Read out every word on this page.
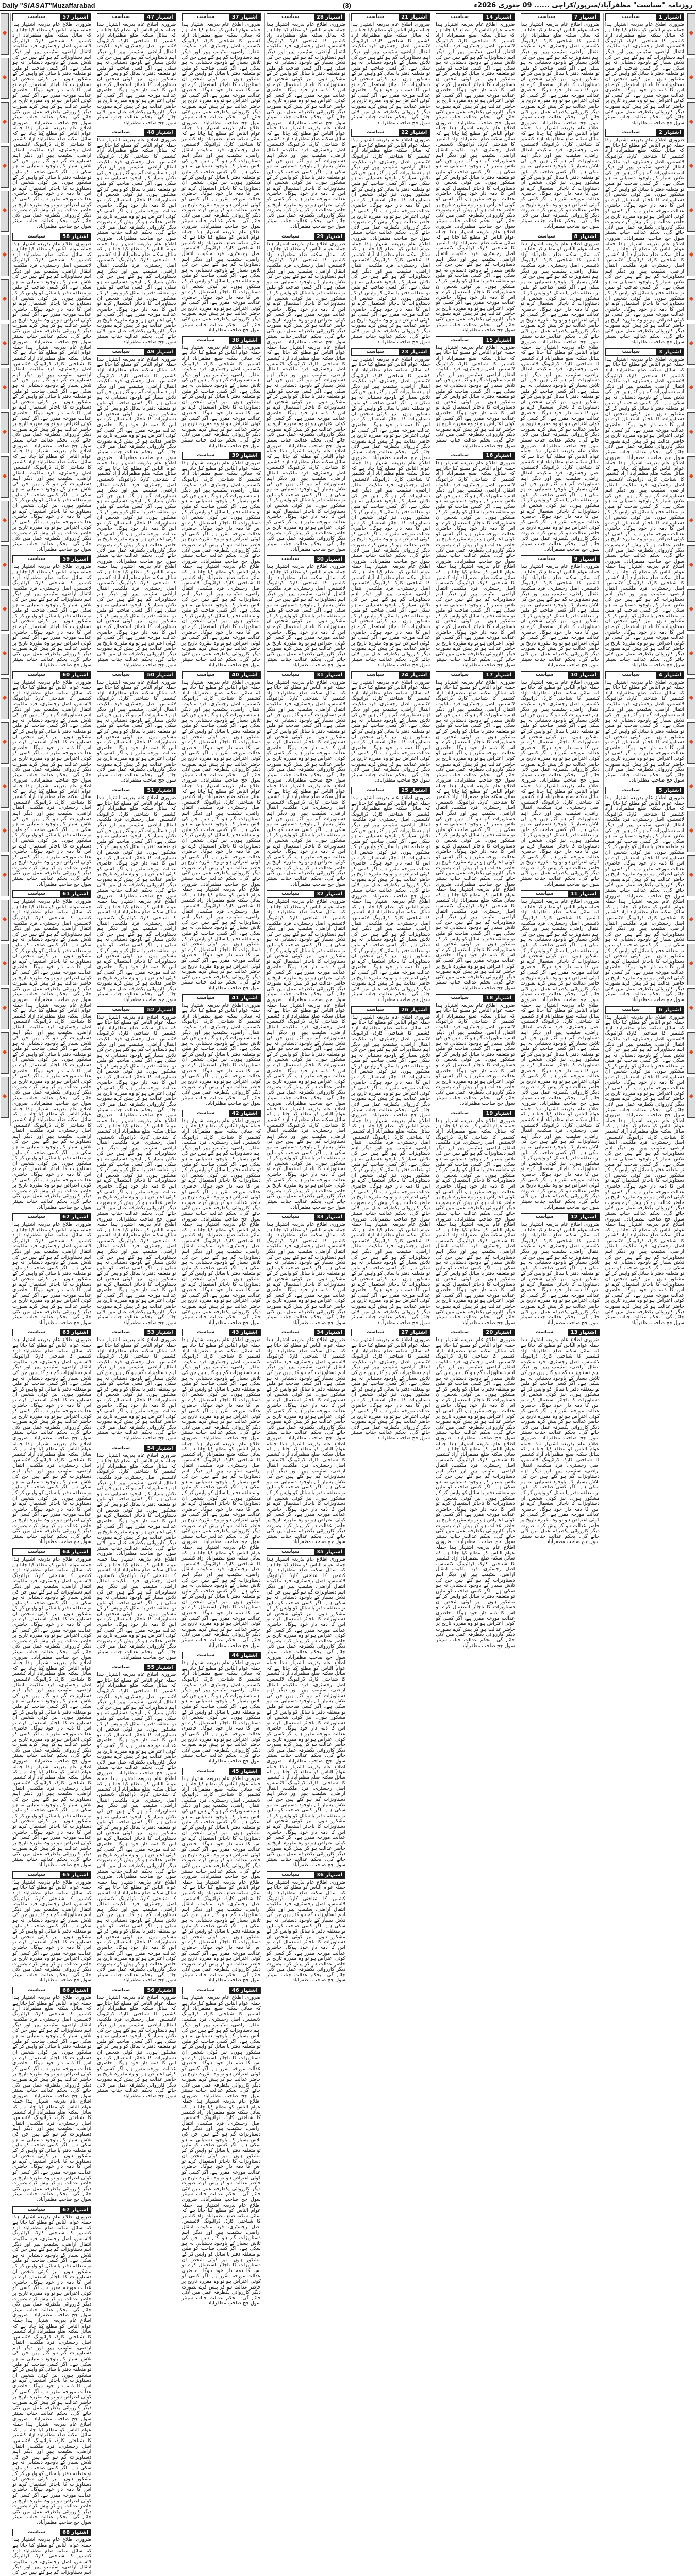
Daily "SIASAT"Muzaffarabad	(3)	روزنامہ "سیاست" مظفرآباد/میرپور/کراچی ...... 09 جنوری 2026ء
اشتہار 1
سیاست

ضروری اطلاع عام بذریعہ اشتہار ہذا جملہ عوام الناس کو مطلع کیا جاتا ہے کہ سائل سکنہ ضلع مظفرآباد آزاد کشمیر کا شناختی کارڈ، ڈرائیونگ لائسنس، اصل رجسٹری، فرد ملکیت، انتقال اراضی، سٹیمپ پیپر اور دیگر اہم دستاویزات گم ہو گئے ہیں جن کی تلاش بسیار کے باوجود دستیابی نہ ہو سکی ہے۔ اگر کسی صاحب کو ملیں تو متعلقہ دفتر یا سائل کو واپس کر کے مشکور ہوں۔ نیز کوئی شخص ان دستاویزات کا ناجائز استعمال کرے تو اس کا ذمہ دار خود ہوگا۔ حاضری عدالت مورخہ مقرر ہے، اگر کسی کو کوئی اعتراض ہو تو وہ مقررہ تاریخ پر حاضر عدالت ہو کر پیش کرے بصورت دیگر کارروائی یکطرفہ عمل میں لائی جائے گی۔ بحکم عدالت جناب سینئر سول جج صاحب مظفرآباد۔

اشتہار 2
سیاست

ضروری اطلاع عام بذریعہ اشتہار ہذا جملہ عوام الناس کو مطلع کیا جاتا ہے کہ سائل سکنہ ضلع مظفرآباد آزاد کشمیر کا شناختی کارڈ، ڈرائیونگ لائسنس، اصل رجسٹری، فرد ملکیت، انتقال اراضی، سٹیمپ پیپر اور دیگر اہم دستاویزات گم ہو گئے ہیں جن کی تلاش بسیار کے باوجود دستیابی نہ ہو سکی ہے۔ اگر کسی صاحب کو ملیں تو متعلقہ دفتر یا سائل کو واپس کر کے مشکور ہوں۔ نیز کوئی شخص ان دستاویزات کا ناجائز استعمال کرے تو اس کا ذمہ دار خود ہوگا۔ حاضری عدالت مورخہ مقرر ہے، اگر کسی کو کوئی اعتراض ہو تو وہ مقررہ تاریخ پر حاضر عدالت ہو کر پیش کرے بصورت دیگر کارروائی یکطرفہ عمل میں لائی جائے گی۔ بحکم عدالت جناب سینئر سول جج صاحب مظفرآباد۔ ضروری اطلاع عام بذریعہ اشتہار ہذا جملہ عوام الناس کو مطلع کیا جاتا ہے کہ سائل سکنہ ضلع مظفرآباد آزاد کشمیر کا شناختی کارڈ، ڈرائیونگ لائسنس، اصل رجسٹری، فرد ملکیت، انتقال اراضی، سٹیمپ پیپر اور دیگر اہم دستاویزات گم ہو گئے ہیں جن کی تلاش بسیار کے باوجود دستیابی نہ ہو سکی ہے۔ اگر کسی صاحب کو ملیں تو متعلقہ دفتر یا سائل کو واپس کر کے مشکور ہوں۔ نیز کوئی شخص ان دستاویزات کا ناجائز استعمال کرے تو اس کا ذمہ دار خود ہوگا۔ حاضری عدالت مورخہ مقرر ہے، اگر کسی کو کوئی اعتراض ہو تو وہ مقررہ تاریخ پر حاضر عدالت ہو کر پیش کرے بصورت دیگر کارروائی یکطرفہ عمل میں لائی جائے گی۔ بحکم عدالت جناب سینئر سول جج صاحب مظفرآباد۔

اشتہار 3
سیاست

ضروری اطلاع عام بذریعہ اشتہار ہذا جملہ عوام الناس کو مطلع کیا جاتا ہے کہ سائل سکنہ ضلع مظفرآباد آزاد کشمیر کا شناختی کارڈ، ڈرائیونگ لائسنس، اصل رجسٹری، فرد ملکیت، انتقال اراضی، سٹیمپ پیپر اور دیگر اہم دستاویزات گم ہو گئے ہیں جن کی تلاش بسیار کے باوجود دستیابی نہ ہو سکی ہے۔ اگر کسی صاحب کو ملیں تو متعلقہ دفتر یا سائل کو واپس کر کے مشکور ہوں۔ نیز کوئی شخص ان دستاویزات کا ناجائز استعمال کرے تو اس کا ذمہ دار خود ہوگا۔ حاضری عدالت مورخہ مقرر ہے، اگر کسی کو کوئی اعتراض ہو تو وہ مقررہ تاریخ پر حاضر عدالت ہو کر پیش کرے بصورت دیگر کارروائی یکطرفہ عمل میں لائی جائے گی۔ بحکم عدالت جناب سینئر سول جج صاحب مظفرآباد۔ ضروری اطلاع عام بذریعہ اشتہار ہذا جملہ عوام الناس کو مطلع کیا جاتا ہے کہ سائل سکنہ ضلع مظفرآباد آزاد کشمیر کا شناختی کارڈ، ڈرائیونگ لائسنس، اصل رجسٹری، فرد ملکیت، انتقال اراضی، سٹیمپ پیپر اور دیگر اہم دستاویزات گم ہو گئے ہیں جن کی تلاش بسیار کے باوجود دستیابی نہ ہو سکی ہے۔ اگر کسی صاحب کو ملیں تو متعلقہ دفتر یا سائل کو واپس کر کے مشکور ہوں۔ نیز کوئی شخص ان دستاویزات کا ناجائز استعمال کرے تو اس کا ذمہ دار خود ہوگا۔ حاضری عدالت مورخہ مقرر ہے، اگر کسی کو کوئی اعتراض ہو تو وہ مقررہ تاریخ پر حاضر عدالت ہو کر پیش کرے بصورت دیگر کارروائی یکطرفہ عمل میں لائی جائے گی۔ بحکم عدالت جناب سینئر سول جج صاحب مظفرآباد۔ ضروری اطلاع عام بذریعہ اشتہار ہذا جملہ عوام الناس کو مطلع کیا جاتا ہے کہ سائل سکنہ ضلع مظفرآباد آزاد کشمیر کا شناختی کارڈ، ڈرائیونگ لائسنس، اصل رجسٹری، فرد ملکیت، انتقال اراضی، سٹیمپ پیپر اور دیگر اہم دستاویزات گم ہو گئے ہیں جن کی تلاش بسیار کے باوجود دستیابی نہ ہو سکی ہے۔ اگر کسی صاحب کو ملیں تو متعلقہ دفتر یا سائل کو واپس کر کے مشکور ہوں۔ نیز کوئی شخص ان دستاویزات کا ناجائز استعمال کرے تو اس کا ذمہ دار خود ہوگا۔ حاضری عدالت مورخہ مقرر ہے، اگر کسی کو کوئی اعتراض ہو تو وہ مقررہ تاریخ پر حاضر عدالت ہو کر پیش کرے بصورت دیگر کارروائی یکطرفہ عمل میں لائی جائے گی۔ بحکم عدالت جناب سینئر سول جج صاحب مظفرآباد۔

اشتہار 4
سیاست

ضروری اطلاع عام بذریعہ اشتہار ہذا جملہ عوام الناس کو مطلع کیا جاتا ہے کہ سائل سکنہ ضلع مظفرآباد آزاد کشمیر کا شناختی کارڈ، ڈرائیونگ لائسنس، اصل رجسٹری، فرد ملکیت، انتقال اراضی، سٹیمپ پیپر اور دیگر اہم دستاویزات گم ہو گئے ہیں جن کی تلاش بسیار کے باوجود دستیابی نہ ہو سکی ہے۔ اگر کسی صاحب کو ملیں تو متعلقہ دفتر یا سائل کو واپس کر کے مشکور ہوں۔ نیز کوئی شخص ان دستاویزات کا ناجائز استعمال کرے تو اس کا ذمہ دار خود ہوگا۔ حاضری عدالت مورخہ مقرر ہے، اگر کسی کو کوئی اعتراض ہو تو وہ مقررہ تاریخ پر حاضر عدالت ہو کر پیش کرے بصورت دیگر کارروائی یکطرفہ عمل میں لائی جائے گی۔ بحکم عدالت جناب سینئر سول جج صاحب مظفرآباد۔

اشتہار 5
سیاست

ضروری اطلاع عام بذریعہ اشتہار ہذا جملہ عوام الناس کو مطلع کیا جاتا ہے کہ سائل سکنہ ضلع مظفرآباد آزاد کشمیر کا شناختی کارڈ، ڈرائیونگ لائسنس، اصل رجسٹری، فرد ملکیت، انتقال اراضی، سٹیمپ پیپر اور دیگر اہم دستاویزات گم ہو گئے ہیں جن کی تلاش بسیار کے باوجود دستیابی نہ ہو سکی ہے۔ اگر کسی صاحب کو ملیں تو متعلقہ دفتر یا سائل کو واپس کر کے مشکور ہوں۔ نیز کوئی شخص ان دستاویزات کا ناجائز استعمال کرے تو اس کا ذمہ دار خود ہوگا۔ حاضری عدالت مورخہ مقرر ہے، اگر کسی کو کوئی اعتراض ہو تو وہ مقررہ تاریخ پر حاضر عدالت ہو کر پیش کرے بصورت دیگر کارروائی یکطرفہ عمل میں لائی جائے گی۔ بحکم عدالت جناب سینئر سول جج صاحب مظفرآباد۔ ضروری اطلاع عام بذریعہ اشتہار ہذا جملہ عوام الناس کو مطلع کیا جاتا ہے کہ سائل سکنہ ضلع مظفرآباد آزاد کشمیر کا شناختی کارڈ، ڈرائیونگ لائسنس، اصل رجسٹری، فرد ملکیت، انتقال اراضی، سٹیمپ پیپر اور دیگر اہم دستاویزات گم ہو گئے ہیں جن کی تلاش بسیار کے باوجود دستیابی نہ ہو سکی ہے۔ اگر کسی صاحب کو ملیں تو متعلقہ دفتر یا سائل کو واپس کر کے مشکور ہوں۔ نیز کوئی شخص ان دستاویزات کا ناجائز استعمال کرے تو اس کا ذمہ دار خود ہوگا۔ حاضری عدالت مورخہ مقرر ہے، اگر کسی کو کوئی اعتراض ہو تو وہ مقررہ تاریخ پر حاضر عدالت ہو کر پیش کرے بصورت دیگر کارروائی یکطرفہ عمل میں لائی جائے گی۔ بحکم عدالت جناب سینئر سول جج صاحب مظفرآباد۔

اشتہار 6
سیاست

ضروری اطلاع عام بذریعہ اشتہار ہذا جملہ عوام الناس کو مطلع کیا جاتا ہے کہ سائل سکنہ ضلع مظفرآباد آزاد کشمیر کا شناختی کارڈ، ڈرائیونگ لائسنس، اصل رجسٹری، فرد ملکیت، انتقال اراضی، سٹیمپ پیپر اور دیگر اہم دستاویزات گم ہو گئے ہیں جن کی تلاش بسیار کے باوجود دستیابی نہ ہو سکی ہے۔ اگر کسی صاحب کو ملیں تو متعلقہ دفتر یا سائل کو واپس کر کے مشکور ہوں۔ نیز کوئی شخص ان دستاویزات کا ناجائز استعمال کرے تو اس کا ذمہ دار خود ہوگا۔ حاضری عدالت مورخہ مقرر ہے، اگر کسی کو کوئی اعتراض ہو تو وہ مقررہ تاریخ پر حاضر عدالت ہو کر پیش کرے بصورت دیگر کارروائی یکطرفہ عمل میں لائی جائے گی۔ بحکم عدالت جناب سینئر سول جج صاحب مظفرآباد۔ ضروری اطلاع عام بذریعہ اشتہار ہذا جملہ عوام الناس کو مطلع کیا جاتا ہے کہ سائل سکنہ ضلع مظفرآباد آزاد کشمیر کا شناختی کارڈ، ڈرائیونگ لائسنس، اصل رجسٹری، فرد ملکیت، انتقال اراضی، سٹیمپ پیپر اور دیگر اہم دستاویزات گم ہو گئے ہیں جن کی تلاش بسیار کے باوجود دستیابی نہ ہو سکی ہے۔ اگر کسی صاحب کو ملیں تو متعلقہ دفتر یا سائل کو واپس کر کے مشکور ہوں۔ نیز کوئی شخص ان دستاویزات کا ناجائز استعمال کرے تو اس کا ذمہ دار خود ہوگا۔ حاضری عدالت مورخہ مقرر ہے، اگر کسی کو کوئی اعتراض ہو تو وہ مقررہ تاریخ پر حاضر عدالت ہو کر پیش کرے بصورت دیگر کارروائی یکطرفہ عمل میں لائی جائے گی۔ بحکم عدالت جناب سینئر سول جج صاحب مظفرآباد۔ ضروری اطلاع عام بذریعہ اشتہار ہذا جملہ عوام الناس کو مطلع کیا جاتا ہے کہ سائل سکنہ ضلع مظفرآباد آزاد کشمیر کا شناختی کارڈ، ڈرائیونگ لائسنس، اصل رجسٹری، فرد ملکیت، انتقال اراضی، سٹیمپ پیپر اور دیگر اہم دستاویزات گم ہو گئے ہیں جن کی تلاش بسیار کے باوجود دستیابی نہ ہو سکی ہے۔ اگر کسی صاحب کو ملیں تو متعلقہ دفتر یا سائل کو واپس کر کے مشکور ہوں۔ نیز کوئی شخص ان دستاویزات کا ناجائز استعمال کرے تو اس کا ذمہ دار خود ہوگا۔ حاضری عدالت مورخہ مقرر ہے، اگر کسی کو کوئی اعتراض ہو تو وہ مقررہ تاریخ پر حاضر عدالت ہو کر پیش کرے بصورت دیگر کارروائی یکطرفہ عمل میں لائی جائے گی۔ بحکم عدالت جناب سینئر سول جج صاحب مظفرآباد۔

اشتہار 7
سیاست

ضروری اطلاع عام بذریعہ اشتہار ہذا جملہ عوام الناس کو مطلع کیا جاتا ہے کہ سائل سکنہ ضلع مظفرآباد آزاد کشمیر کا شناختی کارڈ، ڈرائیونگ لائسنس، اصل رجسٹری، فرد ملکیت، انتقال اراضی، سٹیمپ پیپر اور دیگر اہم دستاویزات گم ہو گئے ہیں جن کی تلاش بسیار کے باوجود دستیابی نہ ہو سکی ہے۔ اگر کسی صاحب کو ملیں تو متعلقہ دفتر یا سائل کو واپس کر کے مشکور ہوں۔ نیز کوئی شخص ان دستاویزات کا ناجائز استعمال کرے تو اس کا ذمہ دار خود ہوگا۔ حاضری عدالت مورخہ مقرر ہے، اگر کسی کو کوئی اعتراض ہو تو وہ مقررہ تاریخ پر حاضر عدالت ہو کر پیش کرے بصورت دیگر کارروائی یکطرفہ عمل میں لائی جائے گی۔ بحکم عدالت جناب سینئر سول جج صاحب مظفرآباد۔ ضروری اطلاع عام بذریعہ اشتہار ہذا جملہ عوام الناس کو مطلع کیا جاتا ہے کہ سائل سکنہ ضلع مظفرآباد آزاد کشمیر کا شناختی کارڈ، ڈرائیونگ لائسنس، اصل رجسٹری، فرد ملکیت، انتقال اراضی، سٹیمپ پیپر اور دیگر اہم دستاویزات گم ہو گئے ہیں جن کی تلاش بسیار کے باوجود دستیابی نہ ہو سکی ہے۔ اگر کسی صاحب کو ملیں تو متعلقہ دفتر یا سائل کو واپس کر کے مشکور ہوں۔ نیز کوئی شخص ان دستاویزات کا ناجائز استعمال کرے تو اس کا ذمہ دار خود ہوگا۔ حاضری عدالت مورخہ مقرر ہے، اگر کسی کو کوئی اعتراض ہو تو وہ مقررہ تاریخ پر حاضر عدالت ہو کر پیش کرے بصورت دیگر کارروائی یکطرفہ عمل میں لائی جائے گی۔ بحکم عدالت جناب سینئر سول جج صاحب مظفرآباد۔

اشتہار 8
سیاست

ضروری اطلاع عام بذریعہ اشتہار ہذا جملہ عوام الناس کو مطلع کیا جاتا ہے کہ سائل سکنہ ضلع مظفرآباد آزاد کشمیر کا شناختی کارڈ، ڈرائیونگ لائسنس، اصل رجسٹری، فرد ملکیت، انتقال اراضی، سٹیمپ پیپر اور دیگر اہم دستاویزات گم ہو گئے ہیں جن کی تلاش بسیار کے باوجود دستیابی نہ ہو سکی ہے۔ اگر کسی صاحب کو ملیں تو متعلقہ دفتر یا سائل کو واپس کر کے مشکور ہوں۔ نیز کوئی شخص ان دستاویزات کا ناجائز استعمال کرے تو اس کا ذمہ دار خود ہوگا۔ حاضری عدالت مورخہ مقرر ہے، اگر کسی کو کوئی اعتراض ہو تو وہ مقررہ تاریخ پر حاضر عدالت ہو کر پیش کرے بصورت دیگر کارروائی یکطرفہ عمل میں لائی جائے گی۔ بحکم عدالت جناب سینئر سول جج صاحب مظفرآباد۔ ضروری اطلاع عام بذریعہ اشتہار ہذا جملہ عوام الناس کو مطلع کیا جاتا ہے کہ سائل سکنہ ضلع مظفرآباد آزاد کشمیر کا شناختی کارڈ، ڈرائیونگ لائسنس، اصل رجسٹری، فرد ملکیت، انتقال اراضی، سٹیمپ پیپر اور دیگر اہم دستاویزات گم ہو گئے ہیں جن کی تلاش بسیار کے باوجود دستیابی نہ ہو سکی ہے۔ اگر کسی صاحب کو ملیں تو متعلقہ دفتر یا سائل کو واپس کر کے مشکور ہوں۔ نیز کوئی شخص ان دستاویزات کا ناجائز استعمال کرے تو اس کا ذمہ دار خود ہوگا۔ حاضری عدالت مورخہ مقرر ہے، اگر کسی کو کوئی اعتراض ہو تو وہ مقررہ تاریخ پر حاضر عدالت ہو کر پیش کرے بصورت دیگر کارروائی یکطرفہ عمل میں لائی جائے گی۔ بحکم عدالت جناب سینئر سول جج صاحب مظفرآباد۔ ضروری اطلاع عام بذریعہ اشتہار ہذا جملہ عوام الناس کو مطلع کیا جاتا ہے کہ سائل سکنہ ضلع مظفرآباد آزاد کشمیر کا شناختی کارڈ، ڈرائیونگ لائسنس، اصل رجسٹری، فرد ملکیت، انتقال اراضی، سٹیمپ پیپر اور دیگر اہم دستاویزات گم ہو گئے ہیں جن کی تلاش بسیار کے باوجود دستیابی نہ ہو سکی ہے۔ اگر کسی صاحب کو ملیں تو متعلقہ دفتر یا سائل کو واپس کر کے مشکور ہوں۔ نیز کوئی شخص ان دستاویزات کا ناجائز استعمال کرے تو اس کا ذمہ دار خود ہوگا۔ حاضری عدالت مورخہ مقرر ہے، اگر کسی کو کوئی اعتراض ہو تو وہ مقررہ تاریخ پر حاضر عدالت ہو کر پیش کرے بصورت دیگر کارروائی یکطرفہ عمل میں لائی جائے گی۔ بحکم عدالت جناب سینئر سول جج صاحب مظفرآباد۔

اشتہار 9
سیاست

ضروری اطلاع عام بذریعہ اشتہار ہذا جملہ عوام الناس کو مطلع کیا جاتا ہے کہ سائل سکنہ ضلع مظفرآباد آزاد کشمیر کا شناختی کارڈ، ڈرائیونگ لائسنس، اصل رجسٹری، فرد ملکیت، انتقال اراضی، سٹیمپ پیپر اور دیگر اہم دستاویزات گم ہو گئے ہیں جن کی تلاش بسیار کے باوجود دستیابی نہ ہو سکی ہے۔ اگر کسی صاحب کو ملیں تو متعلقہ دفتر یا سائل کو واپس کر کے مشکور ہوں۔ نیز کوئی شخص ان دستاویزات کا ناجائز استعمال کرے تو اس کا ذمہ دار خود ہوگا۔ حاضری عدالت مورخہ مقرر ہے، اگر کسی کو کوئی اعتراض ہو تو وہ مقررہ تاریخ پر حاضر عدالت ہو کر پیش کرے بصورت دیگر کارروائی یکطرفہ عمل میں لائی جائے گی۔ بحکم عدالت جناب سینئر سول جج صاحب مظفرآباد۔

اشتہار 10
سیاست

ضروری اطلاع عام بذریعہ اشتہار ہذا جملہ عوام الناس کو مطلع کیا جاتا ہے کہ سائل سکنہ ضلع مظفرآباد آزاد کشمیر کا شناختی کارڈ، ڈرائیونگ لائسنس، اصل رجسٹری، فرد ملکیت، انتقال اراضی، سٹیمپ پیپر اور دیگر اہم دستاویزات گم ہو گئے ہیں جن کی تلاش بسیار کے باوجود دستیابی نہ ہو سکی ہے۔ اگر کسی صاحب کو ملیں تو متعلقہ دفتر یا سائل کو واپس کر کے مشکور ہوں۔ نیز کوئی شخص ان دستاویزات کا ناجائز استعمال کرے تو اس کا ذمہ دار خود ہوگا۔ حاضری عدالت مورخہ مقرر ہے، اگر کسی کو کوئی اعتراض ہو تو وہ مقررہ تاریخ پر حاضر عدالت ہو کر پیش کرے بصورت دیگر کارروائی یکطرفہ عمل میں لائی جائے گی۔ بحکم عدالت جناب سینئر سول جج صاحب مظفرآباد۔ ضروری اطلاع عام بذریعہ اشتہار ہذا جملہ عوام الناس کو مطلع کیا جاتا ہے کہ سائل سکنہ ضلع مظفرآباد آزاد کشمیر کا شناختی کارڈ، ڈرائیونگ لائسنس، اصل رجسٹری، فرد ملکیت، انتقال اراضی، سٹیمپ پیپر اور دیگر اہم دستاویزات گم ہو گئے ہیں جن کی تلاش بسیار کے باوجود دستیابی نہ ہو سکی ہے۔ اگر کسی صاحب کو ملیں تو متعلقہ دفتر یا سائل کو واپس کر کے مشکور ہوں۔ نیز کوئی شخص ان دستاویزات کا ناجائز استعمال کرے تو اس کا ذمہ دار خود ہوگا۔ حاضری عدالت مورخہ مقرر ہے، اگر کسی کو کوئی اعتراض ہو تو وہ مقررہ تاریخ پر حاضر عدالت ہو کر پیش کرے بصورت دیگر کارروائی یکطرفہ عمل میں لائی جائے گی۔ بحکم عدالت جناب سینئر سول جج صاحب مظفرآباد۔

اشتہار 11
سیاست

ضروری اطلاع عام بذریعہ اشتہار ہذا جملہ عوام الناس کو مطلع کیا جاتا ہے کہ سائل سکنہ ضلع مظفرآباد آزاد کشمیر کا شناختی کارڈ، ڈرائیونگ لائسنس، اصل رجسٹری، فرد ملکیت، انتقال اراضی، سٹیمپ پیپر اور دیگر اہم دستاویزات گم ہو گئے ہیں جن کی تلاش بسیار کے باوجود دستیابی نہ ہو سکی ہے۔ اگر کسی صاحب کو ملیں تو متعلقہ دفتر یا سائل کو واپس کر کے مشکور ہوں۔ نیز کوئی شخص ان دستاویزات کا ناجائز استعمال کرے تو اس کا ذمہ دار خود ہوگا۔ حاضری عدالت مورخہ مقرر ہے، اگر کسی کو کوئی اعتراض ہو تو وہ مقررہ تاریخ پر حاضر عدالت ہو کر پیش کرے بصورت دیگر کارروائی یکطرفہ عمل میں لائی جائے گی۔ بحکم عدالت جناب سینئر سول جج صاحب مظفرآباد۔ ضروری اطلاع عام بذریعہ اشتہار ہذا جملہ عوام الناس کو مطلع کیا جاتا ہے کہ سائل سکنہ ضلع مظفرآباد آزاد کشمیر کا شناختی کارڈ، ڈرائیونگ لائسنس، اصل رجسٹری، فرد ملکیت، انتقال اراضی، سٹیمپ پیپر اور دیگر اہم دستاویزات گم ہو گئے ہیں جن کی تلاش بسیار کے باوجود دستیابی نہ ہو سکی ہے۔ اگر کسی صاحب کو ملیں تو متعلقہ دفتر یا سائل کو واپس کر کے مشکور ہوں۔ نیز کوئی شخص ان دستاویزات کا ناجائز استعمال کرے تو اس کا ذمہ دار خود ہوگا۔ حاضری عدالت مورخہ مقرر ہے، اگر کسی کو کوئی اعتراض ہو تو وہ مقررہ تاریخ پر حاضر عدالت ہو کر پیش کرے بصورت دیگر کارروائی یکطرفہ عمل میں لائی جائے گی۔ بحکم عدالت جناب سینئر سول جج صاحب مظفرآباد۔ ضروری اطلاع عام بذریعہ اشتہار ہذا جملہ عوام الناس کو مطلع کیا جاتا ہے کہ سائل سکنہ ضلع مظفرآباد آزاد کشمیر کا شناختی کارڈ، ڈرائیونگ لائسنس، اصل رجسٹری، فرد ملکیت، انتقال اراضی، سٹیمپ پیپر اور دیگر اہم دستاویزات گم ہو گئے ہیں جن کی تلاش بسیار کے باوجود دستیابی نہ ہو سکی ہے۔ اگر کسی صاحب کو ملیں تو متعلقہ دفتر یا سائل کو واپس کر کے مشکور ہوں۔ نیز کوئی شخص ان دستاویزات کا ناجائز استعمال کرے تو اس کا ذمہ دار خود ہوگا۔ حاضری عدالت مورخہ مقرر ہے، اگر کسی کو کوئی اعتراض ہو تو وہ مقررہ تاریخ پر حاضر عدالت ہو کر پیش کرے بصورت دیگر کارروائی یکطرفہ عمل میں لائی جائے گی۔ بحکم عدالت جناب سینئر سول جج صاحب مظفرآباد۔

اشتہار 12
سیاست

ضروری اطلاع عام بذریعہ اشتہار ہذا جملہ عوام الناس کو مطلع کیا جاتا ہے کہ سائل سکنہ ضلع مظفرآباد آزاد کشمیر کا شناختی کارڈ، ڈرائیونگ لائسنس، اصل رجسٹری، فرد ملکیت، انتقال اراضی، سٹیمپ پیپر اور دیگر اہم دستاویزات گم ہو گئے ہیں جن کی تلاش بسیار کے باوجود دستیابی نہ ہو سکی ہے۔ اگر کسی صاحب کو ملیں تو متعلقہ دفتر یا سائل کو واپس کر کے مشکور ہوں۔ نیز کوئی شخص ان دستاویزات کا ناجائز استعمال کرے تو اس کا ذمہ دار خود ہوگا۔ حاضری عدالت مورخہ مقرر ہے، اگر کسی کو کوئی اعتراض ہو تو وہ مقررہ تاریخ پر حاضر عدالت ہو کر پیش کرے بصورت دیگر کارروائی یکطرفہ عمل میں لائی جائے گی۔ بحکم عدالت جناب سینئر سول جج صاحب مظفرآباد۔

اشتہار 13
سیاست

ضروری اطلاع عام بذریعہ اشتہار ہذا جملہ عوام الناس کو مطلع کیا جاتا ہے کہ سائل سکنہ ضلع مظفرآباد آزاد کشمیر کا شناختی کارڈ، ڈرائیونگ لائسنس، اصل رجسٹری، فرد ملکیت، انتقال اراضی، سٹیمپ پیپر اور دیگر اہم دستاویزات گم ہو گئے ہیں جن کی تلاش بسیار کے باوجود دستیابی نہ ہو سکی ہے۔ اگر کسی صاحب کو ملیں تو متعلقہ دفتر یا سائل کو واپس کر کے مشکور ہوں۔ نیز کوئی شخص ان دستاویزات کا ناجائز استعمال کرے تو اس کا ذمہ دار خود ہوگا۔ حاضری عدالت مورخہ مقرر ہے، اگر کسی کو کوئی اعتراض ہو تو وہ مقررہ تاریخ پر حاضر عدالت ہو کر پیش کرے بصورت دیگر کارروائی یکطرفہ عمل میں لائی جائے گی۔ بحکم عدالت جناب سینئر سول جج صاحب مظفرآباد۔ ضروری اطلاع عام بذریعہ اشتہار ہذا جملہ عوام الناس کو مطلع کیا جاتا ہے کہ سائل سکنہ ضلع مظفرآباد آزاد کشمیر کا شناختی کارڈ، ڈرائیونگ لائسنس، اصل رجسٹری، فرد ملکیت، انتقال اراضی، سٹیمپ پیپر اور دیگر اہم دستاویزات گم ہو گئے ہیں جن کی تلاش بسیار کے باوجود دستیابی نہ ہو سکی ہے۔ اگر کسی صاحب کو ملیں تو متعلقہ دفتر یا سائل کو واپس کر کے مشکور ہوں۔ نیز کوئی شخص ان دستاویزات کا ناجائز استعمال کرے تو اس کا ذمہ دار خود ہوگا۔ حاضری عدالت مورخہ مقرر ہے، اگر کسی کو کوئی اعتراض ہو تو وہ مقررہ تاریخ پر حاضر عدالت ہو کر پیش کرے بصورت دیگر کارروائی یکطرفہ عمل میں لائی جائے گی۔ بحکم عدالت جناب سینئر سول جج صاحب مظفرآباد۔

اشتہار 14
سیاست

ضروری اطلاع عام بذریعہ اشتہار ہذا جملہ عوام الناس کو مطلع کیا جاتا ہے کہ سائل سکنہ ضلع مظفرآباد آزاد کشمیر کا شناختی کارڈ، ڈرائیونگ لائسنس، اصل رجسٹری، فرد ملکیت، انتقال اراضی، سٹیمپ پیپر اور دیگر اہم دستاویزات گم ہو گئے ہیں جن کی تلاش بسیار کے باوجود دستیابی نہ ہو سکی ہے۔ اگر کسی صاحب کو ملیں تو متعلقہ دفتر یا سائل کو واپس کر کے مشکور ہوں۔ نیز کوئی شخص ان دستاویزات کا ناجائز استعمال کرے تو اس کا ذمہ دار خود ہوگا۔ حاضری عدالت مورخہ مقرر ہے، اگر کسی کو کوئی اعتراض ہو تو وہ مقررہ تاریخ پر حاضر عدالت ہو کر پیش کرے بصورت دیگر کارروائی یکطرفہ عمل میں لائی جائے گی۔ بحکم عدالت جناب سینئر سول جج صاحب مظفرآباد۔ ضروری اطلاع عام بذریعہ اشتہار ہذا جملہ عوام الناس کو مطلع کیا جاتا ہے کہ سائل سکنہ ضلع مظفرآباد آزاد کشمیر کا شناختی کارڈ، ڈرائیونگ لائسنس، اصل رجسٹری، فرد ملکیت، انتقال اراضی، سٹیمپ پیپر اور دیگر اہم دستاویزات گم ہو گئے ہیں جن کی تلاش بسیار کے باوجود دستیابی نہ ہو سکی ہے۔ اگر کسی صاحب کو ملیں تو متعلقہ دفتر یا سائل کو واپس کر کے مشکور ہوں۔ نیز کوئی شخص ان دستاویزات کا ناجائز استعمال کرے تو اس کا ذمہ دار خود ہوگا۔ حاضری عدالت مورخہ مقرر ہے، اگر کسی کو کوئی اعتراض ہو تو وہ مقررہ تاریخ پر حاضر عدالت ہو کر پیش کرے بصورت دیگر کارروائی یکطرفہ عمل میں لائی جائے گی۔ بحکم عدالت جناب سینئر سول جج صاحب مظفرآباد۔ ضروری اطلاع عام بذریعہ اشتہار ہذا جملہ عوام الناس کو مطلع کیا جاتا ہے کہ سائل سکنہ ضلع مظفرآباد آزاد کشمیر کا شناختی کارڈ، ڈرائیونگ لائسنس، اصل رجسٹری، فرد ملکیت، انتقال اراضی، سٹیمپ پیپر اور دیگر اہم دستاویزات گم ہو گئے ہیں جن کی تلاش بسیار کے باوجود دستیابی نہ ہو سکی ہے۔ اگر کسی صاحب کو ملیں تو متعلقہ دفتر یا سائل کو واپس کر کے مشکور ہوں۔ نیز کوئی شخص ان دستاویزات کا ناجائز استعمال کرے تو اس کا ذمہ دار خود ہوگا۔ حاضری عدالت مورخہ مقرر ہے، اگر کسی کو کوئی اعتراض ہو تو وہ مقررہ تاریخ پر حاضر عدالت ہو کر پیش کرے بصورت دیگر کارروائی یکطرفہ عمل میں لائی جائے گی۔ بحکم عدالت جناب سینئر سول جج صاحب مظفرآباد۔

اشتہار 15
سیاست

ضروری اطلاع عام بذریعہ اشتہار ہذا جملہ عوام الناس کو مطلع کیا جاتا ہے کہ سائل سکنہ ضلع مظفرآباد آزاد کشمیر کا شناختی کارڈ، ڈرائیونگ لائسنس، اصل رجسٹری، فرد ملکیت، انتقال اراضی، سٹیمپ پیپر اور دیگر اہم دستاویزات گم ہو گئے ہیں جن کی تلاش بسیار کے باوجود دستیابی نہ ہو سکی ہے۔ اگر کسی صاحب کو ملیں تو متعلقہ دفتر یا سائل کو واپس کر کے مشکور ہوں۔ نیز کوئی شخص ان دستاویزات کا ناجائز استعمال کرے تو اس کا ذمہ دار خود ہوگا۔ حاضری عدالت مورخہ مقرر ہے، اگر کسی کو کوئی اعتراض ہو تو وہ مقررہ تاریخ پر حاضر عدالت ہو کر پیش کرے بصورت دیگر کارروائی یکطرفہ عمل میں لائی جائے گی۔ بحکم عدالت جناب سینئر سول جج صاحب مظفرآباد۔

اشتہار 16
سیاست

ضروری اطلاع عام بذریعہ اشتہار ہذا جملہ عوام الناس کو مطلع کیا جاتا ہے کہ سائل سکنہ ضلع مظفرآباد آزاد کشمیر کا شناختی کارڈ، ڈرائیونگ لائسنس، اصل رجسٹری، فرد ملکیت، انتقال اراضی، سٹیمپ پیپر اور دیگر اہم دستاویزات گم ہو گئے ہیں جن کی تلاش بسیار کے باوجود دستیابی نہ ہو سکی ہے۔ اگر کسی صاحب کو ملیں تو متعلقہ دفتر یا سائل کو واپس کر کے مشکور ہوں۔ نیز کوئی شخص ان دستاویزات کا ناجائز استعمال کرے تو اس کا ذمہ دار خود ہوگا۔ حاضری عدالت مورخہ مقرر ہے، اگر کسی کو کوئی اعتراض ہو تو وہ مقررہ تاریخ پر حاضر عدالت ہو کر پیش کرے بصورت دیگر کارروائی یکطرفہ عمل میں لائی جائے گی۔ بحکم عدالت جناب سینئر سول جج صاحب مظفرآباد۔ ضروری اطلاع عام بذریعہ اشتہار ہذا جملہ عوام الناس کو مطلع کیا جاتا ہے کہ سائل سکنہ ضلع مظفرآباد آزاد کشمیر کا شناختی کارڈ، ڈرائیونگ لائسنس، اصل رجسٹری، فرد ملکیت، انتقال اراضی، سٹیمپ پیپر اور دیگر اہم دستاویزات گم ہو گئے ہیں جن کی تلاش بسیار کے باوجود دستیابی نہ ہو سکی ہے۔ اگر کسی صاحب کو ملیں تو متعلقہ دفتر یا سائل کو واپس کر کے مشکور ہوں۔ نیز کوئی شخص ان دستاویزات کا ناجائز استعمال کرے تو اس کا ذمہ دار خود ہوگا۔ حاضری عدالت مورخہ مقرر ہے، اگر کسی کو کوئی اعتراض ہو تو وہ مقررہ تاریخ پر حاضر عدالت ہو کر پیش کرے بصورت دیگر کارروائی یکطرفہ عمل میں لائی جائے گی۔ بحکم عدالت جناب سینئر سول جج صاحب مظفرآباد۔

اشتہار 17
سیاست

ضروری اطلاع عام بذریعہ اشتہار ہذا جملہ عوام الناس کو مطلع کیا جاتا ہے کہ سائل سکنہ ضلع مظفرآباد آزاد کشمیر کا شناختی کارڈ، ڈرائیونگ لائسنس، اصل رجسٹری، فرد ملکیت، انتقال اراضی، سٹیمپ پیپر اور دیگر اہم دستاویزات گم ہو گئے ہیں جن کی تلاش بسیار کے باوجود دستیابی نہ ہو سکی ہے۔ اگر کسی صاحب کو ملیں تو متعلقہ دفتر یا سائل کو واپس کر کے مشکور ہوں۔ نیز کوئی شخص ان دستاویزات کا ناجائز استعمال کرے تو اس کا ذمہ دار خود ہوگا۔ حاضری عدالت مورخہ مقرر ہے، اگر کسی کو کوئی اعتراض ہو تو وہ مقررہ تاریخ پر حاضر عدالت ہو کر پیش کرے بصورت دیگر کارروائی یکطرفہ عمل میں لائی جائے گی۔ بحکم عدالت جناب سینئر سول جج صاحب مظفرآباد۔ ضروری اطلاع عام بذریعہ اشتہار ہذا جملہ عوام الناس کو مطلع کیا جاتا ہے کہ سائل سکنہ ضلع مظفرآباد آزاد کشمیر کا شناختی کارڈ، ڈرائیونگ لائسنس، اصل رجسٹری، فرد ملکیت، انتقال اراضی، سٹیمپ پیپر اور دیگر اہم دستاویزات گم ہو گئے ہیں جن کی تلاش بسیار کے باوجود دستیابی نہ ہو سکی ہے۔ اگر کسی صاحب کو ملیں تو متعلقہ دفتر یا سائل کو واپس کر کے مشکور ہوں۔ نیز کوئی شخص ان دستاویزات کا ناجائز استعمال کرے تو اس کا ذمہ دار خود ہوگا۔ حاضری عدالت مورخہ مقرر ہے، اگر کسی کو کوئی اعتراض ہو تو وہ مقررہ تاریخ پر حاضر عدالت ہو کر پیش کرے بصورت دیگر کارروائی یکطرفہ عمل میں لائی جائے گی۔ بحکم عدالت جناب سینئر سول جج صاحب مظفرآباد۔ ضروری اطلاع عام بذریعہ اشتہار ہذا جملہ عوام الناس کو مطلع کیا جاتا ہے کہ سائل سکنہ ضلع مظفرآباد آزاد کشمیر کا شناختی کارڈ، ڈرائیونگ لائسنس، اصل رجسٹری، فرد ملکیت، انتقال اراضی، سٹیمپ پیپر اور دیگر اہم دستاویزات گم ہو گئے ہیں جن کی تلاش بسیار کے باوجود دستیابی نہ ہو سکی ہے۔ اگر کسی صاحب کو ملیں تو متعلقہ دفتر یا سائل کو واپس کر کے مشکور ہوں۔ نیز کوئی شخص ان دستاویزات کا ناجائز استعمال کرے تو اس کا ذمہ دار خود ہوگا۔ حاضری عدالت مورخہ مقرر ہے، اگر کسی کو کوئی اعتراض ہو تو وہ مقررہ تاریخ پر حاضر عدالت ہو کر پیش کرے بصورت دیگر کارروائی یکطرفہ عمل میں لائی جائے گی۔ بحکم عدالت جناب سینئر سول جج صاحب مظفرآباد۔

اشتہار 18
سیاست

ضروری اطلاع عام بذریعہ اشتہار ہذا جملہ عوام الناس کو مطلع کیا جاتا ہے کہ سائل سکنہ ضلع مظفرآباد آزاد کشمیر کا شناختی کارڈ، ڈرائیونگ لائسنس، اصل رجسٹری، فرد ملکیت، انتقال اراضی، سٹیمپ پیپر اور دیگر اہم دستاویزات گم ہو گئے ہیں جن کی تلاش بسیار کے باوجود دستیابی نہ ہو سکی ہے۔ اگر کسی صاحب کو ملیں تو متعلقہ دفتر یا سائل کو واپس کر کے مشکور ہوں۔ نیز کوئی شخص ان دستاویزات کا ناجائز استعمال کرے تو اس کا ذمہ دار خود ہوگا۔ حاضری عدالت مورخہ مقرر ہے، اگر کسی کو کوئی اعتراض ہو تو وہ مقررہ تاریخ پر حاضر عدالت ہو کر پیش کرے بصورت دیگر کارروائی یکطرفہ عمل میں لائی جائے گی۔ بحکم عدالت جناب سینئر سول جج صاحب مظفرآباد۔

اشتہار 19
سیاست

ضروری اطلاع عام بذریعہ اشتہار ہذا جملہ عوام الناس کو مطلع کیا جاتا ہے کہ سائل سکنہ ضلع مظفرآباد آزاد کشمیر کا شناختی کارڈ، ڈرائیونگ لائسنس، اصل رجسٹری، فرد ملکیت، انتقال اراضی، سٹیمپ پیپر اور دیگر اہم دستاویزات گم ہو گئے ہیں جن کی تلاش بسیار کے باوجود دستیابی نہ ہو سکی ہے۔ اگر کسی صاحب کو ملیں تو متعلقہ دفتر یا سائل کو واپس کر کے مشکور ہوں۔ نیز کوئی شخص ان دستاویزات کا ناجائز استعمال کرے تو اس کا ذمہ دار خود ہوگا۔ حاضری عدالت مورخہ مقرر ہے، اگر کسی کو کوئی اعتراض ہو تو وہ مقررہ تاریخ پر حاضر عدالت ہو کر پیش کرے بصورت دیگر کارروائی یکطرفہ عمل میں لائی جائے گی۔ بحکم عدالت جناب سینئر سول جج صاحب مظفرآباد۔ ضروری اطلاع عام بذریعہ اشتہار ہذا جملہ عوام الناس کو مطلع کیا جاتا ہے کہ سائل سکنہ ضلع مظفرآباد آزاد کشمیر کا شناختی کارڈ، ڈرائیونگ لائسنس، اصل رجسٹری، فرد ملکیت، انتقال اراضی، سٹیمپ پیپر اور دیگر اہم دستاویزات گم ہو گئے ہیں جن کی تلاش بسیار کے باوجود دستیابی نہ ہو سکی ہے۔ اگر کسی صاحب کو ملیں تو متعلقہ دفتر یا سائل کو واپس کر کے مشکور ہوں۔ نیز کوئی شخص ان دستاویزات کا ناجائز استعمال کرے تو اس کا ذمہ دار خود ہوگا۔ حاضری عدالت مورخہ مقرر ہے، اگر کسی کو کوئی اعتراض ہو تو وہ مقررہ تاریخ پر حاضر عدالت ہو کر پیش کرے بصورت دیگر کارروائی یکطرفہ عمل میں لائی جائے گی۔ بحکم عدالت جناب سینئر سول جج صاحب مظفرآباد۔

اشتہار 20
سیاست

ضروری اطلاع عام بذریعہ اشتہار ہذا جملہ عوام الناس کو مطلع کیا جاتا ہے کہ سائل سکنہ ضلع مظفرآباد آزاد کشمیر کا شناختی کارڈ، ڈرائیونگ لائسنس، اصل رجسٹری، فرد ملکیت، انتقال اراضی، سٹیمپ پیپر اور دیگر اہم دستاویزات گم ہو گئے ہیں جن کی تلاش بسیار کے باوجود دستیابی نہ ہو سکی ہے۔ اگر کسی صاحب کو ملیں تو متعلقہ دفتر یا سائل کو واپس کر کے مشکور ہوں۔ نیز کوئی شخص ان دستاویزات کا ناجائز استعمال کرے تو اس کا ذمہ دار خود ہوگا۔ حاضری عدالت مورخہ مقرر ہے، اگر کسی کو کوئی اعتراض ہو تو وہ مقررہ تاریخ پر حاضر عدالت ہو کر پیش کرے بصورت دیگر کارروائی یکطرفہ عمل میں لائی جائے گی۔ بحکم عدالت جناب سینئر سول جج صاحب مظفرآباد۔ ضروری اطلاع عام بذریعہ اشتہار ہذا جملہ عوام الناس کو مطلع کیا جاتا ہے کہ سائل سکنہ ضلع مظفرآباد آزاد کشمیر کا شناختی کارڈ، ڈرائیونگ لائسنس، اصل رجسٹری، فرد ملکیت، انتقال اراضی، سٹیمپ پیپر اور دیگر اہم دستاویزات گم ہو گئے ہیں جن کی تلاش بسیار کے باوجود دستیابی نہ ہو سکی ہے۔ اگر کسی صاحب کو ملیں تو متعلقہ دفتر یا سائل کو واپس کر کے مشکور ہوں۔ نیز کوئی شخص ان دستاویزات کا ناجائز استعمال کرے تو اس کا ذمہ دار خود ہوگا۔ حاضری عدالت مورخہ مقرر ہے، اگر کسی کو کوئی اعتراض ہو تو وہ مقررہ تاریخ پر حاضر عدالت ہو کر پیش کرے بصورت دیگر کارروائی یکطرفہ عمل میں لائی جائے گی۔ بحکم عدالت جناب سینئر سول جج صاحب مظفرآباد۔ ضروری اطلاع عام بذریعہ اشتہار ہذا جملہ عوام الناس کو مطلع کیا جاتا ہے کہ سائل سکنہ ضلع مظفرآباد آزاد کشمیر کا شناختی کارڈ، ڈرائیونگ لائسنس، اصل رجسٹری، فرد ملکیت، انتقال اراضی، سٹیمپ پیپر اور دیگر اہم دستاویزات گم ہو گئے ہیں جن کی تلاش بسیار کے باوجود دستیابی نہ ہو سکی ہے۔ اگر کسی صاحب کو ملیں تو متعلقہ دفتر یا سائل کو واپس کر کے مشکور ہوں۔ نیز کوئی شخص ان دستاویزات کا ناجائز استعمال کرے تو اس کا ذمہ دار خود ہوگا۔ حاضری عدالت مورخہ مقرر ہے، اگر کسی کو کوئی اعتراض ہو تو وہ مقررہ تاریخ پر حاضر عدالت ہو کر پیش کرے بصورت دیگر کارروائی یکطرفہ عمل میں لائی جائے گی۔ بحکم عدالت جناب سینئر سول جج صاحب مظفرآباد۔

اشتہار 21
سیاست

ضروری اطلاع عام بذریعہ اشتہار ہذا جملہ عوام الناس کو مطلع کیا جاتا ہے کہ سائل سکنہ ضلع مظفرآباد آزاد کشمیر کا شناختی کارڈ، ڈرائیونگ لائسنس، اصل رجسٹری، فرد ملکیت، انتقال اراضی، سٹیمپ پیپر اور دیگر اہم دستاویزات گم ہو گئے ہیں جن کی تلاش بسیار کے باوجود دستیابی نہ ہو سکی ہے۔ اگر کسی صاحب کو ملیں تو متعلقہ دفتر یا سائل کو واپس کر کے مشکور ہوں۔ نیز کوئی شخص ان دستاویزات کا ناجائز استعمال کرے تو اس کا ذمہ دار خود ہوگا۔ حاضری عدالت مورخہ مقرر ہے، اگر کسی کو کوئی اعتراض ہو تو وہ مقررہ تاریخ پر حاضر عدالت ہو کر پیش کرے بصورت دیگر کارروائی یکطرفہ عمل میں لائی جائے گی۔ بحکم عدالت جناب سینئر سول جج صاحب مظفرآباد۔

اشتہار 22
سیاست

ضروری اطلاع عام بذریعہ اشتہار ہذا جملہ عوام الناس کو مطلع کیا جاتا ہے کہ سائل سکنہ ضلع مظفرآباد آزاد کشمیر کا شناختی کارڈ، ڈرائیونگ لائسنس، اصل رجسٹری، فرد ملکیت، انتقال اراضی، سٹیمپ پیپر اور دیگر اہم دستاویزات گم ہو گئے ہیں جن کی تلاش بسیار کے باوجود دستیابی نہ ہو سکی ہے۔ اگر کسی صاحب کو ملیں تو متعلقہ دفتر یا سائل کو واپس کر کے مشکور ہوں۔ نیز کوئی شخص ان دستاویزات کا ناجائز استعمال کرے تو اس کا ذمہ دار خود ہوگا۔ حاضری عدالت مورخہ مقرر ہے، اگر کسی کو کوئی اعتراض ہو تو وہ مقررہ تاریخ پر حاضر عدالت ہو کر پیش کرے بصورت دیگر کارروائی یکطرفہ عمل میں لائی جائے گی۔ بحکم عدالت جناب سینئر سول جج صاحب مظفرآباد۔ ضروری اطلاع عام بذریعہ اشتہار ہذا جملہ عوام الناس کو مطلع کیا جاتا ہے کہ سائل سکنہ ضلع مظفرآباد آزاد کشمیر کا شناختی کارڈ، ڈرائیونگ لائسنس، اصل رجسٹری، فرد ملکیت، انتقال اراضی، سٹیمپ پیپر اور دیگر اہم دستاویزات گم ہو گئے ہیں جن کی تلاش بسیار کے باوجود دستیابی نہ ہو سکی ہے۔ اگر کسی صاحب کو ملیں تو متعلقہ دفتر یا سائل کو واپس کر کے مشکور ہوں۔ نیز کوئی شخص ان دستاویزات کا ناجائز استعمال کرے تو اس کا ذمہ دار خود ہوگا۔ حاضری عدالت مورخہ مقرر ہے، اگر کسی کو کوئی اعتراض ہو تو وہ مقررہ تاریخ پر حاضر عدالت ہو کر پیش کرے بصورت دیگر کارروائی یکطرفہ عمل میں لائی جائے گی۔ بحکم عدالت جناب سینئر سول جج صاحب مظفرآباد۔

اشتہار 23
سیاست

ضروری اطلاع عام بذریعہ اشتہار ہذا جملہ عوام الناس کو مطلع کیا جاتا ہے کہ سائل سکنہ ضلع مظفرآباد آزاد کشمیر کا شناختی کارڈ، ڈرائیونگ لائسنس، اصل رجسٹری، فرد ملکیت، انتقال اراضی، سٹیمپ پیپر اور دیگر اہم دستاویزات گم ہو گئے ہیں جن کی تلاش بسیار کے باوجود دستیابی نہ ہو سکی ہے۔ اگر کسی صاحب کو ملیں تو متعلقہ دفتر یا سائل کو واپس کر کے مشکور ہوں۔ نیز کوئی شخص ان دستاویزات کا ناجائز استعمال کرے تو اس کا ذمہ دار خود ہوگا۔ حاضری عدالت مورخہ مقرر ہے، اگر کسی کو کوئی اعتراض ہو تو وہ مقررہ تاریخ پر حاضر عدالت ہو کر پیش کرے بصورت دیگر کارروائی یکطرفہ عمل میں لائی جائے گی۔ بحکم عدالت جناب سینئر سول جج صاحب مظفرآباد۔ ضروری اطلاع عام بذریعہ اشتہار ہذا جملہ عوام الناس کو مطلع کیا جاتا ہے کہ سائل سکنہ ضلع مظفرآباد آزاد کشمیر کا شناختی کارڈ، ڈرائیونگ لائسنس، اصل رجسٹری، فرد ملکیت، انتقال اراضی، سٹیمپ پیپر اور دیگر اہم دستاویزات گم ہو گئے ہیں جن کی تلاش بسیار کے باوجود دستیابی نہ ہو سکی ہے۔ اگر کسی صاحب کو ملیں تو متعلقہ دفتر یا سائل کو واپس کر کے مشکور ہوں۔ نیز کوئی شخص ان دستاویزات کا ناجائز استعمال کرے تو اس کا ذمہ دار خود ہوگا۔ حاضری عدالت مورخہ مقرر ہے، اگر کسی کو کوئی اعتراض ہو تو وہ مقررہ تاریخ پر حاضر عدالت ہو کر پیش کرے بصورت دیگر کارروائی یکطرفہ عمل میں لائی جائے گی۔ بحکم عدالت جناب سینئر سول جج صاحب مظفرآباد۔ ضروری اطلاع عام بذریعہ اشتہار ہذا جملہ عوام الناس کو مطلع کیا جاتا ہے کہ سائل سکنہ ضلع مظفرآباد آزاد کشمیر کا شناختی کارڈ، ڈرائیونگ لائسنس، اصل رجسٹری، فرد ملکیت، انتقال اراضی، سٹیمپ پیپر اور دیگر اہم دستاویزات گم ہو گئے ہیں جن کی تلاش بسیار کے باوجود دستیابی نہ ہو سکی ہے۔ اگر کسی صاحب کو ملیں تو متعلقہ دفتر یا سائل کو واپس کر کے مشکور ہوں۔ نیز کوئی شخص ان دستاویزات کا ناجائز استعمال کرے تو اس کا ذمہ دار خود ہوگا۔ حاضری عدالت مورخہ مقرر ہے، اگر کسی کو کوئی اعتراض ہو تو وہ مقررہ تاریخ پر حاضر عدالت ہو کر پیش کرے بصورت دیگر کارروائی یکطرفہ عمل میں لائی جائے گی۔ بحکم عدالت جناب سینئر سول جج صاحب مظفرآباد۔

اشتہار 24
سیاست

ضروری اطلاع عام بذریعہ اشتہار ہذا جملہ عوام الناس کو مطلع کیا جاتا ہے کہ سائل سکنہ ضلع مظفرآباد آزاد کشمیر کا شناختی کارڈ، ڈرائیونگ لائسنس، اصل رجسٹری، فرد ملکیت، انتقال اراضی، سٹیمپ پیپر اور دیگر اہم دستاویزات گم ہو گئے ہیں جن کی تلاش بسیار کے باوجود دستیابی نہ ہو سکی ہے۔ اگر کسی صاحب کو ملیں تو متعلقہ دفتر یا سائل کو واپس کر کے مشکور ہوں۔ نیز کوئی شخص ان دستاویزات کا ناجائز استعمال کرے تو اس کا ذمہ دار خود ہوگا۔ حاضری عدالت مورخہ مقرر ہے، اگر کسی کو کوئی اعتراض ہو تو وہ مقررہ تاریخ پر حاضر عدالت ہو کر پیش کرے بصورت دیگر کارروائی یکطرفہ عمل میں لائی جائے گی۔ بحکم عدالت جناب سینئر سول جج صاحب مظفرآباد۔

اشتہار 25
سیاست

ضروری اطلاع عام بذریعہ اشتہار ہذا جملہ عوام الناس کو مطلع کیا جاتا ہے کہ سائل سکنہ ضلع مظفرآباد آزاد کشمیر کا شناختی کارڈ، ڈرائیونگ لائسنس، اصل رجسٹری، فرد ملکیت، انتقال اراضی، سٹیمپ پیپر اور دیگر اہم دستاویزات گم ہو گئے ہیں جن کی تلاش بسیار کے باوجود دستیابی نہ ہو سکی ہے۔ اگر کسی صاحب کو ملیں تو متعلقہ دفتر یا سائل کو واپس کر کے مشکور ہوں۔ نیز کوئی شخص ان دستاویزات کا ناجائز استعمال کرے تو اس کا ذمہ دار خود ہوگا۔ حاضری عدالت مورخہ مقرر ہے، اگر کسی کو کوئی اعتراض ہو تو وہ مقررہ تاریخ پر حاضر عدالت ہو کر پیش کرے بصورت دیگر کارروائی یکطرفہ عمل میں لائی جائے گی۔ بحکم عدالت جناب سینئر سول جج صاحب مظفرآباد۔ ضروری اطلاع عام بذریعہ اشتہار ہذا جملہ عوام الناس کو مطلع کیا جاتا ہے کہ سائل سکنہ ضلع مظفرآباد آزاد کشمیر کا شناختی کارڈ، ڈرائیونگ لائسنس، اصل رجسٹری، فرد ملکیت، انتقال اراضی، سٹیمپ پیپر اور دیگر اہم دستاویزات گم ہو گئے ہیں جن کی تلاش بسیار کے باوجود دستیابی نہ ہو سکی ہے۔ اگر کسی صاحب کو ملیں تو متعلقہ دفتر یا سائل کو واپس کر کے مشکور ہوں۔ نیز کوئی شخص ان دستاویزات کا ناجائز استعمال کرے تو اس کا ذمہ دار خود ہوگا۔ حاضری عدالت مورخہ مقرر ہے، اگر کسی کو کوئی اعتراض ہو تو وہ مقررہ تاریخ پر حاضر عدالت ہو کر پیش کرے بصورت دیگر کارروائی یکطرفہ عمل میں لائی جائے گی۔ بحکم عدالت جناب سینئر سول جج صاحب مظفرآباد۔

اشتہار 26
سیاست

ضروری اطلاع عام بذریعہ اشتہار ہذا جملہ عوام الناس کو مطلع کیا جاتا ہے کہ سائل سکنہ ضلع مظفرآباد آزاد کشمیر کا شناختی کارڈ، ڈرائیونگ لائسنس، اصل رجسٹری، فرد ملکیت، انتقال اراضی، سٹیمپ پیپر اور دیگر اہم دستاویزات گم ہو گئے ہیں جن کی تلاش بسیار کے باوجود دستیابی نہ ہو سکی ہے۔ اگر کسی صاحب کو ملیں تو متعلقہ دفتر یا سائل کو واپس کر کے مشکور ہوں۔ نیز کوئی شخص ان دستاویزات کا ناجائز استعمال کرے تو اس کا ذمہ دار خود ہوگا۔ حاضری عدالت مورخہ مقرر ہے، اگر کسی کو کوئی اعتراض ہو تو وہ مقررہ تاریخ پر حاضر عدالت ہو کر پیش کرے بصورت دیگر کارروائی یکطرفہ عمل میں لائی جائے گی۔ بحکم عدالت جناب سینئر سول جج صاحب مظفرآباد۔ ضروری اطلاع عام بذریعہ اشتہار ہذا جملہ عوام الناس کو مطلع کیا جاتا ہے کہ سائل سکنہ ضلع مظفرآباد آزاد کشمیر کا شناختی کارڈ، ڈرائیونگ لائسنس، اصل رجسٹری، فرد ملکیت، انتقال اراضی، سٹیمپ پیپر اور دیگر اہم دستاویزات گم ہو گئے ہیں جن کی تلاش بسیار کے باوجود دستیابی نہ ہو سکی ہے۔ اگر کسی صاحب کو ملیں تو متعلقہ دفتر یا سائل کو واپس کر کے مشکور ہوں۔ نیز کوئی شخص ان دستاویزات کا ناجائز استعمال کرے تو اس کا ذمہ دار خود ہوگا۔ حاضری عدالت مورخہ مقرر ہے، اگر کسی کو کوئی اعتراض ہو تو وہ مقررہ تاریخ پر حاضر عدالت ہو کر پیش کرے بصورت دیگر کارروائی یکطرفہ عمل میں لائی جائے گی۔ بحکم عدالت جناب سینئر سول جج صاحب مظفرآباد۔ ضروری اطلاع عام بذریعہ اشتہار ہذا جملہ عوام الناس کو مطلع کیا جاتا ہے کہ سائل سکنہ ضلع مظفرآباد آزاد کشمیر کا شناختی کارڈ، ڈرائیونگ لائسنس، اصل رجسٹری، فرد ملکیت، انتقال اراضی، سٹیمپ پیپر اور دیگر اہم دستاویزات گم ہو گئے ہیں جن کی تلاش بسیار کے باوجود دستیابی نہ ہو سکی ہے۔ اگر کسی صاحب کو ملیں تو متعلقہ دفتر یا سائل کو واپس کر کے مشکور ہوں۔ نیز کوئی شخص ان دستاویزات کا ناجائز استعمال کرے تو اس کا ذمہ دار خود ہوگا۔ حاضری عدالت مورخہ مقرر ہے، اگر کسی کو کوئی اعتراض ہو تو وہ مقررہ تاریخ پر حاضر عدالت ہو کر پیش کرے بصورت دیگر کارروائی یکطرفہ عمل میں لائی جائے گی۔ بحکم عدالت جناب سینئر سول جج صاحب مظفرآباد۔

اشتہار 27
سیاست

ضروری اطلاع عام بذریعہ اشتہار ہذا جملہ عوام الناس کو مطلع کیا جاتا ہے کہ سائل سکنہ ضلع مظفرآباد آزاد کشمیر کا شناختی کارڈ، ڈرائیونگ لائسنس، اصل رجسٹری، فرد ملکیت، انتقال اراضی، سٹیمپ پیپر اور دیگر اہم دستاویزات گم ہو گئے ہیں جن کی تلاش بسیار کے باوجود دستیابی نہ ہو سکی ہے۔ اگر کسی صاحب کو ملیں تو متعلقہ دفتر یا سائل کو واپس کر کے مشکور ہوں۔ نیز کوئی شخص ان دستاویزات کا ناجائز استعمال کرے تو اس کا ذمہ دار خود ہوگا۔ حاضری عدالت مورخہ مقرر ہے، اگر کسی کو کوئی اعتراض ہو تو وہ مقررہ تاریخ پر حاضر عدالت ہو کر پیش کرے بصورت دیگر کارروائی یکطرفہ عمل میں لائی جائے گی۔ بحکم عدالت جناب سینئر سول جج صاحب مظفرآباد۔

اشتہار 28
سیاست

ضروری اطلاع عام بذریعہ اشتہار ہذا جملہ عوام الناس کو مطلع کیا جاتا ہے کہ سائل سکنہ ضلع مظفرآباد آزاد کشمیر کا شناختی کارڈ، ڈرائیونگ لائسنس، اصل رجسٹری، فرد ملکیت، انتقال اراضی، سٹیمپ پیپر اور دیگر اہم دستاویزات گم ہو گئے ہیں جن کی تلاش بسیار کے باوجود دستیابی نہ ہو سکی ہے۔ اگر کسی صاحب کو ملیں تو متعلقہ دفتر یا سائل کو واپس کر کے مشکور ہوں۔ نیز کوئی شخص ان دستاویزات کا ناجائز استعمال کرے تو اس کا ذمہ دار خود ہوگا۔ حاضری عدالت مورخہ مقرر ہے، اگر کسی کو کوئی اعتراض ہو تو وہ مقررہ تاریخ پر حاضر عدالت ہو کر پیش کرے بصورت دیگر کارروائی یکطرفہ عمل میں لائی جائے گی۔ بحکم عدالت جناب سینئر سول جج صاحب مظفرآباد۔ ضروری اطلاع عام بذریعہ اشتہار ہذا جملہ عوام الناس کو مطلع کیا جاتا ہے کہ سائل سکنہ ضلع مظفرآباد آزاد کشمیر کا شناختی کارڈ، ڈرائیونگ لائسنس، اصل رجسٹری، فرد ملکیت، انتقال اراضی، سٹیمپ پیپر اور دیگر اہم دستاویزات گم ہو گئے ہیں جن کی تلاش بسیار کے باوجود دستیابی نہ ہو سکی ہے۔ اگر کسی صاحب کو ملیں تو متعلقہ دفتر یا سائل کو واپس کر کے مشکور ہوں۔ نیز کوئی شخص ان دستاویزات کا ناجائز استعمال کرے تو اس کا ذمہ دار خود ہوگا۔ حاضری عدالت مورخہ مقرر ہے، اگر کسی کو کوئی اعتراض ہو تو وہ مقررہ تاریخ پر حاضر عدالت ہو کر پیش کرے بصورت دیگر کارروائی یکطرفہ عمل میں لائی جائے گی۔ بحکم عدالت جناب سینئر سول جج صاحب مظفرآباد۔

اشتہار 29
سیاست

ضروری اطلاع عام بذریعہ اشتہار ہذا جملہ عوام الناس کو مطلع کیا جاتا ہے کہ سائل سکنہ ضلع مظفرآباد آزاد کشمیر کا شناختی کارڈ، ڈرائیونگ لائسنس، اصل رجسٹری، فرد ملکیت، انتقال اراضی، سٹیمپ پیپر اور دیگر اہم دستاویزات گم ہو گئے ہیں جن کی تلاش بسیار کے باوجود دستیابی نہ ہو سکی ہے۔ اگر کسی صاحب کو ملیں تو متعلقہ دفتر یا سائل کو واپس کر کے مشکور ہوں۔ نیز کوئی شخص ان دستاویزات کا ناجائز استعمال کرے تو اس کا ذمہ دار خود ہوگا۔ حاضری عدالت مورخہ مقرر ہے، اگر کسی کو کوئی اعتراض ہو تو وہ مقررہ تاریخ پر حاضر عدالت ہو کر پیش کرے بصورت دیگر کارروائی یکطرفہ عمل میں لائی جائے گی۔ بحکم عدالت جناب سینئر سول جج صاحب مظفرآباد۔ ضروری اطلاع عام بذریعہ اشتہار ہذا جملہ عوام الناس کو مطلع کیا جاتا ہے کہ سائل سکنہ ضلع مظفرآباد آزاد کشمیر کا شناختی کارڈ، ڈرائیونگ لائسنس، اصل رجسٹری، فرد ملکیت، انتقال اراضی، سٹیمپ پیپر اور دیگر اہم دستاویزات گم ہو گئے ہیں جن کی تلاش بسیار کے باوجود دستیابی نہ ہو سکی ہے۔ اگر کسی صاحب کو ملیں تو متعلقہ دفتر یا سائل کو واپس کر کے مشکور ہوں۔ نیز کوئی شخص ان دستاویزات کا ناجائز استعمال کرے تو اس کا ذمہ دار خود ہوگا۔ حاضری عدالت مورخہ مقرر ہے، اگر کسی کو کوئی اعتراض ہو تو وہ مقررہ تاریخ پر حاضر عدالت ہو کر پیش کرے بصورت دیگر کارروائی یکطرفہ عمل میں لائی جائے گی۔ بحکم عدالت جناب سینئر سول جج صاحب مظفرآباد۔ ضروری اطلاع عام بذریعہ اشتہار ہذا جملہ عوام الناس کو مطلع کیا جاتا ہے کہ سائل سکنہ ضلع مظفرآباد آزاد کشمیر کا شناختی کارڈ، ڈرائیونگ لائسنس، اصل رجسٹری، فرد ملکیت، انتقال اراضی، سٹیمپ پیپر اور دیگر اہم دستاویزات گم ہو گئے ہیں جن کی تلاش بسیار کے باوجود دستیابی نہ ہو سکی ہے۔ اگر کسی صاحب کو ملیں تو متعلقہ دفتر یا سائل کو واپس کر کے مشکور ہوں۔ نیز کوئی شخص ان دستاویزات کا ناجائز استعمال کرے تو اس کا ذمہ دار خود ہوگا۔ حاضری عدالت مورخہ مقرر ہے، اگر کسی کو کوئی اعتراض ہو تو وہ مقررہ تاریخ پر حاضر عدالت ہو کر پیش کرے بصورت دیگر کارروائی یکطرفہ عمل میں لائی جائے گی۔ بحکم عدالت جناب سینئر سول جج صاحب مظفرآباد۔

اشتہار 30
سیاست

ضروری اطلاع عام بذریعہ اشتہار ہذا جملہ عوام الناس کو مطلع کیا جاتا ہے کہ سائل سکنہ ضلع مظفرآباد آزاد کشمیر کا شناختی کارڈ، ڈرائیونگ لائسنس، اصل رجسٹری، فرد ملکیت، انتقال اراضی، سٹیمپ پیپر اور دیگر اہم دستاویزات گم ہو گئے ہیں جن کی تلاش بسیار کے باوجود دستیابی نہ ہو سکی ہے۔ اگر کسی صاحب کو ملیں تو متعلقہ دفتر یا سائل کو واپس کر کے مشکور ہوں۔ نیز کوئی شخص ان دستاویزات کا ناجائز استعمال کرے تو اس کا ذمہ دار خود ہوگا۔ حاضری عدالت مورخہ مقرر ہے، اگر کسی کو کوئی اعتراض ہو تو وہ مقررہ تاریخ پر حاضر عدالت ہو کر پیش کرے بصورت دیگر کارروائی یکطرفہ عمل میں لائی جائے گی۔ بحکم عدالت جناب سینئر سول جج صاحب مظفرآباد۔

اشتہار 31
سیاست

ضروری اطلاع عام بذریعہ اشتہار ہذا جملہ عوام الناس کو مطلع کیا جاتا ہے کہ سائل سکنہ ضلع مظفرآباد آزاد کشمیر کا شناختی کارڈ، ڈرائیونگ لائسنس، اصل رجسٹری، فرد ملکیت، انتقال اراضی، سٹیمپ پیپر اور دیگر اہم دستاویزات گم ہو گئے ہیں جن کی تلاش بسیار کے باوجود دستیابی نہ ہو سکی ہے۔ اگر کسی صاحب کو ملیں تو متعلقہ دفتر یا سائل کو واپس کر کے مشکور ہوں۔ نیز کوئی شخص ان دستاویزات کا ناجائز استعمال کرے تو اس کا ذمہ دار خود ہوگا۔ حاضری عدالت مورخہ مقرر ہے، اگر کسی کو کوئی اعتراض ہو تو وہ مقررہ تاریخ پر حاضر عدالت ہو کر پیش کرے بصورت دیگر کارروائی یکطرفہ عمل میں لائی جائے گی۔ بحکم عدالت جناب سینئر سول جج صاحب مظفرآباد۔ ضروری اطلاع عام بذریعہ اشتہار ہذا جملہ عوام الناس کو مطلع کیا جاتا ہے کہ سائل سکنہ ضلع مظفرآباد آزاد کشمیر کا شناختی کارڈ، ڈرائیونگ لائسنس، اصل رجسٹری، فرد ملکیت، انتقال اراضی، سٹیمپ پیپر اور دیگر اہم دستاویزات گم ہو گئے ہیں جن کی تلاش بسیار کے باوجود دستیابی نہ ہو سکی ہے۔ اگر کسی صاحب کو ملیں تو متعلقہ دفتر یا سائل کو واپس کر کے مشکور ہوں۔ نیز کوئی شخص ان دستاویزات کا ناجائز استعمال کرے تو اس کا ذمہ دار خود ہوگا۔ حاضری عدالت مورخہ مقرر ہے، اگر کسی کو کوئی اعتراض ہو تو وہ مقررہ تاریخ پر حاضر عدالت ہو کر پیش کرے بصورت دیگر کارروائی یکطرفہ عمل میں لائی جائے گی۔ بحکم عدالت جناب سینئر سول جج صاحب مظفرآباد۔

اشتہار 32
سیاست

ضروری اطلاع عام بذریعہ اشتہار ہذا جملہ عوام الناس کو مطلع کیا جاتا ہے کہ سائل سکنہ ضلع مظفرآباد آزاد کشمیر کا شناختی کارڈ، ڈرائیونگ لائسنس، اصل رجسٹری، فرد ملکیت، انتقال اراضی، سٹیمپ پیپر اور دیگر اہم دستاویزات گم ہو گئے ہیں جن کی تلاش بسیار کے باوجود دستیابی نہ ہو سکی ہے۔ اگر کسی صاحب کو ملیں تو متعلقہ دفتر یا سائل کو واپس کر کے مشکور ہوں۔ نیز کوئی شخص ان دستاویزات کا ناجائز استعمال کرے تو اس کا ذمہ دار خود ہوگا۔ حاضری عدالت مورخہ مقرر ہے، اگر کسی کو کوئی اعتراض ہو تو وہ مقررہ تاریخ پر حاضر عدالت ہو کر پیش کرے بصورت دیگر کارروائی یکطرفہ عمل میں لائی جائے گی۔ بحکم عدالت جناب سینئر سول جج صاحب مظفرآباد۔ ضروری اطلاع عام بذریعہ اشتہار ہذا جملہ عوام الناس کو مطلع کیا جاتا ہے کہ سائل سکنہ ضلع مظفرآباد آزاد کشمیر کا شناختی کارڈ، ڈرائیونگ لائسنس، اصل رجسٹری، فرد ملکیت، انتقال اراضی، سٹیمپ پیپر اور دیگر اہم دستاویزات گم ہو گئے ہیں جن کی تلاش بسیار کے باوجود دستیابی نہ ہو سکی ہے۔ اگر کسی صاحب کو ملیں تو متعلقہ دفتر یا سائل کو واپس کر کے مشکور ہوں۔ نیز کوئی شخص ان دستاویزات کا ناجائز استعمال کرے تو اس کا ذمہ دار خود ہوگا۔ حاضری عدالت مورخہ مقرر ہے، اگر کسی کو کوئی اعتراض ہو تو وہ مقررہ تاریخ پر حاضر عدالت ہو کر پیش کرے بصورت دیگر کارروائی یکطرفہ عمل میں لائی جائے گی۔ بحکم عدالت جناب سینئر سول جج صاحب مظفرآباد۔ ضروری اطلاع عام بذریعہ اشتہار ہذا جملہ عوام الناس کو مطلع کیا جاتا ہے کہ سائل سکنہ ضلع مظفرآباد آزاد کشمیر کا شناختی کارڈ، ڈرائیونگ لائسنس، اصل رجسٹری، فرد ملکیت، انتقال اراضی، سٹیمپ پیپر اور دیگر اہم دستاویزات گم ہو گئے ہیں جن کی تلاش بسیار کے باوجود دستیابی نہ ہو سکی ہے۔ اگر کسی صاحب کو ملیں تو متعلقہ دفتر یا سائل کو واپس کر کے مشکور ہوں۔ نیز کوئی شخص ان دستاویزات کا ناجائز استعمال کرے تو اس کا ذمہ دار خود ہوگا۔ حاضری عدالت مورخہ مقرر ہے، اگر کسی کو کوئی اعتراض ہو تو وہ مقررہ تاریخ پر حاضر عدالت ہو کر پیش کرے بصورت دیگر کارروائی یکطرفہ عمل میں لائی جائے گی۔ بحکم عدالت جناب سینئر سول جج صاحب مظفرآباد۔

اشتہار 33
سیاست

ضروری اطلاع عام بذریعہ اشتہار ہذا جملہ عوام الناس کو مطلع کیا جاتا ہے کہ سائل سکنہ ضلع مظفرآباد آزاد کشمیر کا شناختی کارڈ، ڈرائیونگ لائسنس، اصل رجسٹری، فرد ملکیت، انتقال اراضی، سٹیمپ پیپر اور دیگر اہم دستاویزات گم ہو گئے ہیں جن کی تلاش بسیار کے باوجود دستیابی نہ ہو سکی ہے۔ اگر کسی صاحب کو ملیں تو متعلقہ دفتر یا سائل کو واپس کر کے مشکور ہوں۔ نیز کوئی شخص ان دستاویزات کا ناجائز استعمال کرے تو اس کا ذمہ دار خود ہوگا۔ حاضری عدالت مورخہ مقرر ہے، اگر کسی کو کوئی اعتراض ہو تو وہ مقررہ تاریخ پر حاضر عدالت ہو کر پیش کرے بصورت دیگر کارروائی یکطرفہ عمل میں لائی جائے گی۔ بحکم عدالت جناب سینئر سول جج صاحب مظفرآباد۔

اشتہار 34
سیاست

ضروری اطلاع عام بذریعہ اشتہار ہذا جملہ عوام الناس کو مطلع کیا جاتا ہے کہ سائل سکنہ ضلع مظفرآباد آزاد کشمیر کا شناختی کارڈ، ڈرائیونگ لائسنس، اصل رجسٹری، فرد ملکیت، انتقال اراضی، سٹیمپ پیپر اور دیگر اہم دستاویزات گم ہو گئے ہیں جن کی تلاش بسیار کے باوجود دستیابی نہ ہو سکی ہے۔ اگر کسی صاحب کو ملیں تو متعلقہ دفتر یا سائل کو واپس کر کے مشکور ہوں۔ نیز کوئی شخص ان دستاویزات کا ناجائز استعمال کرے تو اس کا ذمہ دار خود ہوگا۔ حاضری عدالت مورخہ مقرر ہے، اگر کسی کو کوئی اعتراض ہو تو وہ مقررہ تاریخ پر حاضر عدالت ہو کر پیش کرے بصورت دیگر کارروائی یکطرفہ عمل میں لائی جائے گی۔ بحکم عدالت جناب سینئر سول جج صاحب مظفرآباد۔ ضروری اطلاع عام بذریعہ اشتہار ہذا جملہ عوام الناس کو مطلع کیا جاتا ہے کہ سائل سکنہ ضلع مظفرآباد آزاد کشمیر کا شناختی کارڈ، ڈرائیونگ لائسنس، اصل رجسٹری، فرد ملکیت، انتقال اراضی، سٹیمپ پیپر اور دیگر اہم دستاویزات گم ہو گئے ہیں جن کی تلاش بسیار کے باوجود دستیابی نہ ہو سکی ہے۔ اگر کسی صاحب کو ملیں تو متعلقہ دفتر یا سائل کو واپس کر کے مشکور ہوں۔ نیز کوئی شخص ان دستاویزات کا ناجائز استعمال کرے تو اس کا ذمہ دار خود ہوگا۔ حاضری عدالت مورخہ مقرر ہے، اگر کسی کو کوئی اعتراض ہو تو وہ مقررہ تاریخ پر حاضر عدالت ہو کر پیش کرے بصورت دیگر کارروائی یکطرفہ عمل میں لائی جائے گی۔ بحکم عدالت جناب سینئر سول جج صاحب مظفرآباد۔

اشتہار 35
سیاست

ضروری اطلاع عام بذریعہ اشتہار ہذا جملہ عوام الناس کو مطلع کیا جاتا ہے کہ سائل سکنہ ضلع مظفرآباد آزاد کشمیر کا شناختی کارڈ، ڈرائیونگ لائسنس، اصل رجسٹری، فرد ملکیت، انتقال اراضی، سٹیمپ پیپر اور دیگر اہم دستاویزات گم ہو گئے ہیں جن کی تلاش بسیار کے باوجود دستیابی نہ ہو سکی ہے۔ اگر کسی صاحب کو ملیں تو متعلقہ دفتر یا سائل کو واپس کر کے مشکور ہوں۔ نیز کوئی شخص ان دستاویزات کا ناجائز استعمال کرے تو اس کا ذمہ دار خود ہوگا۔ حاضری عدالت مورخہ مقرر ہے، اگر کسی کو کوئی اعتراض ہو تو وہ مقررہ تاریخ پر حاضر عدالت ہو کر پیش کرے بصورت دیگر کارروائی یکطرفہ عمل میں لائی جائے گی۔ بحکم عدالت جناب سینئر سول جج صاحب مظفرآباد۔ ضروری اطلاع عام بذریعہ اشتہار ہذا جملہ عوام الناس کو مطلع کیا جاتا ہے کہ سائل سکنہ ضلع مظفرآباد آزاد کشمیر کا شناختی کارڈ، ڈرائیونگ لائسنس، اصل رجسٹری، فرد ملکیت، انتقال اراضی، سٹیمپ پیپر اور دیگر اہم دستاویزات گم ہو گئے ہیں جن کی تلاش بسیار کے باوجود دستیابی نہ ہو سکی ہے۔ اگر کسی صاحب کو ملیں تو متعلقہ دفتر یا سائل کو واپس کر کے مشکور ہوں۔ نیز کوئی شخص ان دستاویزات کا ناجائز استعمال کرے تو اس کا ذمہ دار خود ہوگا۔ حاضری عدالت مورخہ مقرر ہے، اگر کسی کو کوئی اعتراض ہو تو وہ مقررہ تاریخ پر حاضر عدالت ہو کر پیش کرے بصورت دیگر کارروائی یکطرفہ عمل میں لائی جائے گی۔ بحکم عدالت جناب سینئر سول جج صاحب مظفرآباد۔ ضروری اطلاع عام بذریعہ اشتہار ہذا جملہ عوام الناس کو مطلع کیا جاتا ہے کہ سائل سکنہ ضلع مظفرآباد آزاد کشمیر کا شناختی کارڈ، ڈرائیونگ لائسنس، اصل رجسٹری، فرد ملکیت، انتقال اراضی، سٹیمپ پیپر اور دیگر اہم دستاویزات گم ہو گئے ہیں جن کی تلاش بسیار کے باوجود دستیابی نہ ہو سکی ہے۔ اگر کسی صاحب کو ملیں تو متعلقہ دفتر یا سائل کو واپس کر کے مشکور ہوں۔ نیز کوئی شخص ان دستاویزات کا ناجائز استعمال کرے تو اس کا ذمہ دار خود ہوگا۔ حاضری عدالت مورخہ مقرر ہے، اگر کسی کو کوئی اعتراض ہو تو وہ مقررہ تاریخ پر حاضر عدالت ہو کر پیش کرے بصورت دیگر کارروائی یکطرفہ عمل میں لائی جائے گی۔ بحکم عدالت جناب سینئر سول جج صاحب مظفرآباد۔

اشتہار 36
سیاست

ضروری اطلاع عام بذریعہ اشتہار ہذا جملہ عوام الناس کو مطلع کیا جاتا ہے کہ سائل سکنہ ضلع مظفرآباد آزاد کشمیر کا شناختی کارڈ، ڈرائیونگ لائسنس، اصل رجسٹری، فرد ملکیت، انتقال اراضی، سٹیمپ پیپر اور دیگر اہم دستاویزات گم ہو گئے ہیں جن کی تلاش بسیار کے باوجود دستیابی نہ ہو سکی ہے۔ اگر کسی صاحب کو ملیں تو متعلقہ دفتر یا سائل کو واپس کر کے مشکور ہوں۔ نیز کوئی شخص ان دستاویزات کا ناجائز استعمال کرے تو اس کا ذمہ دار خود ہوگا۔ حاضری عدالت مورخہ مقرر ہے، اگر کسی کو کوئی اعتراض ہو تو وہ مقررہ تاریخ پر حاضر عدالت ہو کر پیش کرے بصورت دیگر کارروائی یکطرفہ عمل میں لائی جائے گی۔ بحکم عدالت جناب سینئر سول جج صاحب مظفرآباد۔

اشتہار 37
سیاست

ضروری اطلاع عام بذریعہ اشتہار ہذا جملہ عوام الناس کو مطلع کیا جاتا ہے کہ سائل سکنہ ضلع مظفرآباد آزاد کشمیر کا شناختی کارڈ، ڈرائیونگ لائسنس، اصل رجسٹری، فرد ملکیت، انتقال اراضی، سٹیمپ پیپر اور دیگر اہم دستاویزات گم ہو گئے ہیں جن کی تلاش بسیار کے باوجود دستیابی نہ ہو سکی ہے۔ اگر کسی صاحب کو ملیں تو متعلقہ دفتر یا سائل کو واپس کر کے مشکور ہوں۔ نیز کوئی شخص ان دستاویزات کا ناجائز استعمال کرے تو اس کا ذمہ دار خود ہوگا۔ حاضری عدالت مورخہ مقرر ہے، اگر کسی کو کوئی اعتراض ہو تو وہ مقررہ تاریخ پر حاضر عدالت ہو کر پیش کرے بصورت دیگر کارروائی یکطرفہ عمل میں لائی جائے گی۔ بحکم عدالت جناب سینئر سول جج صاحب مظفرآباد۔ ضروری اطلاع عام بذریعہ اشتہار ہذا جملہ عوام الناس کو مطلع کیا جاتا ہے کہ سائل سکنہ ضلع مظفرآباد آزاد کشمیر کا شناختی کارڈ، ڈرائیونگ لائسنس، اصل رجسٹری، فرد ملکیت، انتقال اراضی، سٹیمپ پیپر اور دیگر اہم دستاویزات گم ہو گئے ہیں جن کی تلاش بسیار کے باوجود دستیابی نہ ہو سکی ہے۔ اگر کسی صاحب کو ملیں تو متعلقہ دفتر یا سائل کو واپس کر کے مشکور ہوں۔ نیز کوئی شخص ان دستاویزات کا ناجائز استعمال کرے تو اس کا ذمہ دار خود ہوگا۔ حاضری عدالت مورخہ مقرر ہے، اگر کسی کو کوئی اعتراض ہو تو وہ مقررہ تاریخ پر حاضر عدالت ہو کر پیش کرے بصورت دیگر کارروائی یکطرفہ عمل میں لائی جائے گی۔ بحکم عدالت جناب سینئر سول جج صاحب مظفرآباد۔ ضروری اطلاع عام بذریعہ اشتہار ہذا جملہ عوام الناس کو مطلع کیا جاتا ہے کہ سائل سکنہ ضلع مظفرآباد آزاد کشمیر کا شناختی کارڈ، ڈرائیونگ لائسنس، اصل رجسٹری، فرد ملکیت، انتقال اراضی، سٹیمپ پیپر اور دیگر اہم دستاویزات گم ہو گئے ہیں جن کی تلاش بسیار کے باوجود دستیابی نہ ہو سکی ہے۔ اگر کسی صاحب کو ملیں تو متعلقہ دفتر یا سائل کو واپس کر کے مشکور ہوں۔ نیز کوئی شخص ان دستاویزات کا ناجائز استعمال کرے تو اس کا ذمہ دار خود ہوگا۔ حاضری عدالت مورخہ مقرر ہے، اگر کسی کو کوئی اعتراض ہو تو وہ مقررہ تاریخ پر حاضر عدالت ہو کر پیش کرے بصورت دیگر کارروائی یکطرفہ عمل میں لائی جائے گی۔ بحکم عدالت جناب سینئر سول جج صاحب مظفرآباد۔

اشتہار 38
سیاست

ضروری اطلاع عام بذریعہ اشتہار ہذا جملہ عوام الناس کو مطلع کیا جاتا ہے کہ سائل سکنہ ضلع مظفرآباد آزاد کشمیر کا شناختی کارڈ، ڈرائیونگ لائسنس، اصل رجسٹری، فرد ملکیت، انتقال اراضی، سٹیمپ پیپر اور دیگر اہم دستاویزات گم ہو گئے ہیں جن کی تلاش بسیار کے باوجود دستیابی نہ ہو سکی ہے۔ اگر کسی صاحب کو ملیں تو متعلقہ دفتر یا سائل کو واپس کر کے مشکور ہوں۔ نیز کوئی شخص ان دستاویزات کا ناجائز استعمال کرے تو اس کا ذمہ دار خود ہوگا۔ حاضری عدالت مورخہ مقرر ہے، اگر کسی کو کوئی اعتراض ہو تو وہ مقررہ تاریخ پر حاضر عدالت ہو کر پیش کرے بصورت دیگر کارروائی یکطرفہ عمل میں لائی جائے گی۔ بحکم عدالت جناب سینئر سول جج صاحب مظفرآباد۔

اشتہار 39
سیاست

ضروری اطلاع عام بذریعہ اشتہار ہذا جملہ عوام الناس کو مطلع کیا جاتا ہے کہ سائل سکنہ ضلع مظفرآباد آزاد کشمیر کا شناختی کارڈ، ڈرائیونگ لائسنس، اصل رجسٹری، فرد ملکیت، انتقال اراضی، سٹیمپ پیپر اور دیگر اہم دستاویزات گم ہو گئے ہیں جن کی تلاش بسیار کے باوجود دستیابی نہ ہو سکی ہے۔ اگر کسی صاحب کو ملیں تو متعلقہ دفتر یا سائل کو واپس کر کے مشکور ہوں۔ نیز کوئی شخص ان دستاویزات کا ناجائز استعمال کرے تو اس کا ذمہ دار خود ہوگا۔ حاضری عدالت مورخہ مقرر ہے، اگر کسی کو کوئی اعتراض ہو تو وہ مقررہ تاریخ پر حاضر عدالت ہو کر پیش کرے بصورت دیگر کارروائی یکطرفہ عمل میں لائی جائے گی۔ بحکم عدالت جناب سینئر سول جج صاحب مظفرآباد۔ ضروری اطلاع عام بذریعہ اشتہار ہذا جملہ عوام الناس کو مطلع کیا جاتا ہے کہ سائل سکنہ ضلع مظفرآباد آزاد کشمیر کا شناختی کارڈ، ڈرائیونگ لائسنس، اصل رجسٹری، فرد ملکیت، انتقال اراضی، سٹیمپ پیپر اور دیگر اہم دستاویزات گم ہو گئے ہیں جن کی تلاش بسیار کے باوجود دستیابی نہ ہو سکی ہے۔ اگر کسی صاحب کو ملیں تو متعلقہ دفتر یا سائل کو واپس کر کے مشکور ہوں۔ نیز کوئی شخص ان دستاویزات کا ناجائز استعمال کرے تو اس کا ذمہ دار خود ہوگا۔ حاضری عدالت مورخہ مقرر ہے، اگر کسی کو کوئی اعتراض ہو تو وہ مقررہ تاریخ پر حاضر عدالت ہو کر پیش کرے بصورت دیگر کارروائی یکطرفہ عمل میں لائی جائے گی۔ بحکم عدالت جناب سینئر سول جج صاحب مظفرآباد۔

اشتہار 40
سیاست

ضروری اطلاع عام بذریعہ اشتہار ہذا جملہ عوام الناس کو مطلع کیا جاتا ہے کہ سائل سکنہ ضلع مظفرآباد آزاد کشمیر کا شناختی کارڈ، ڈرائیونگ لائسنس، اصل رجسٹری، فرد ملکیت، انتقال اراضی، سٹیمپ پیپر اور دیگر اہم دستاویزات گم ہو گئے ہیں جن کی تلاش بسیار کے باوجود دستیابی نہ ہو سکی ہے۔ اگر کسی صاحب کو ملیں تو متعلقہ دفتر یا سائل کو واپس کر کے مشکور ہوں۔ نیز کوئی شخص ان دستاویزات کا ناجائز استعمال کرے تو اس کا ذمہ دار خود ہوگا۔ حاضری عدالت مورخہ مقرر ہے، اگر کسی کو کوئی اعتراض ہو تو وہ مقررہ تاریخ پر حاضر عدالت ہو کر پیش کرے بصورت دیگر کارروائی یکطرفہ عمل میں لائی جائے گی۔ بحکم عدالت جناب سینئر سول جج صاحب مظفرآباد۔ ضروری اطلاع عام بذریعہ اشتہار ہذا جملہ عوام الناس کو مطلع کیا جاتا ہے کہ سائل سکنہ ضلع مظفرآباد آزاد کشمیر کا شناختی کارڈ، ڈرائیونگ لائسنس، اصل رجسٹری، فرد ملکیت، انتقال اراضی، سٹیمپ پیپر اور دیگر اہم دستاویزات گم ہو گئے ہیں جن کی تلاش بسیار کے باوجود دستیابی نہ ہو سکی ہے۔ اگر کسی صاحب کو ملیں تو متعلقہ دفتر یا سائل کو واپس کر کے مشکور ہوں۔ نیز کوئی شخص ان دستاویزات کا ناجائز استعمال کرے تو اس کا ذمہ دار خود ہوگا۔ حاضری عدالت مورخہ مقرر ہے، اگر کسی کو کوئی اعتراض ہو تو وہ مقررہ تاریخ پر حاضر عدالت ہو کر پیش کرے بصورت دیگر کارروائی یکطرفہ عمل میں لائی جائے گی۔ بحکم عدالت جناب سینئر سول جج صاحب مظفرآباد۔ ضروری اطلاع عام بذریعہ اشتہار ہذا جملہ عوام الناس کو مطلع کیا جاتا ہے کہ سائل سکنہ ضلع مظفرآباد آزاد کشمیر کا شناختی کارڈ، ڈرائیونگ لائسنس، اصل رجسٹری، فرد ملکیت، انتقال اراضی، سٹیمپ پیپر اور دیگر اہم دستاویزات گم ہو گئے ہیں جن کی تلاش بسیار کے باوجود دستیابی نہ ہو سکی ہے۔ اگر کسی صاحب کو ملیں تو متعلقہ دفتر یا سائل کو واپس کر کے مشکور ہوں۔ نیز کوئی شخص ان دستاویزات کا ناجائز استعمال کرے تو اس کا ذمہ دار خود ہوگا۔ حاضری عدالت مورخہ مقرر ہے، اگر کسی کو کوئی اعتراض ہو تو وہ مقررہ تاریخ پر حاضر عدالت ہو کر پیش کرے بصورت دیگر کارروائی یکطرفہ عمل میں لائی جائے گی۔ بحکم عدالت جناب سینئر سول جج صاحب مظفرآباد۔

اشتہار 41
سیاست

ضروری اطلاع عام بذریعہ اشتہار ہذا جملہ عوام الناس کو مطلع کیا جاتا ہے کہ سائل سکنہ ضلع مظفرآباد آزاد کشمیر کا شناختی کارڈ، ڈرائیونگ لائسنس، اصل رجسٹری، فرد ملکیت، انتقال اراضی، سٹیمپ پیپر اور دیگر اہم دستاویزات گم ہو گئے ہیں جن کی تلاش بسیار کے باوجود دستیابی نہ ہو سکی ہے۔ اگر کسی صاحب کو ملیں تو متعلقہ دفتر یا سائل کو واپس کر کے مشکور ہوں۔ نیز کوئی شخص ان دستاویزات کا ناجائز استعمال کرے تو اس کا ذمہ دار خود ہوگا۔ حاضری عدالت مورخہ مقرر ہے، اگر کسی کو کوئی اعتراض ہو تو وہ مقررہ تاریخ پر حاضر عدالت ہو کر پیش کرے بصورت دیگر کارروائی یکطرفہ عمل میں لائی جائے گی۔ بحکم عدالت جناب سینئر سول جج صاحب مظفرآباد۔

اشتہار 42
سیاست

ضروری اطلاع عام بذریعہ اشتہار ہذا جملہ عوام الناس کو مطلع کیا جاتا ہے کہ سائل سکنہ ضلع مظفرآباد آزاد کشمیر کا شناختی کارڈ، ڈرائیونگ لائسنس، اصل رجسٹری، فرد ملکیت، انتقال اراضی، سٹیمپ پیپر اور دیگر اہم دستاویزات گم ہو گئے ہیں جن کی تلاش بسیار کے باوجود دستیابی نہ ہو سکی ہے۔ اگر کسی صاحب کو ملیں تو متعلقہ دفتر یا سائل کو واپس کر کے مشکور ہوں۔ نیز کوئی شخص ان دستاویزات کا ناجائز استعمال کرے تو اس کا ذمہ دار خود ہوگا۔ حاضری عدالت مورخہ مقرر ہے، اگر کسی کو کوئی اعتراض ہو تو وہ مقررہ تاریخ پر حاضر عدالت ہو کر پیش کرے بصورت دیگر کارروائی یکطرفہ عمل میں لائی جائے گی۔ بحکم عدالت جناب سینئر سول جج صاحب مظفرآباد۔ ضروری اطلاع عام بذریعہ اشتہار ہذا جملہ عوام الناس کو مطلع کیا جاتا ہے کہ سائل سکنہ ضلع مظفرآباد آزاد کشمیر کا شناختی کارڈ، ڈرائیونگ لائسنس، اصل رجسٹری، فرد ملکیت، انتقال اراضی، سٹیمپ پیپر اور دیگر اہم دستاویزات گم ہو گئے ہیں جن کی تلاش بسیار کے باوجود دستیابی نہ ہو سکی ہے۔ اگر کسی صاحب کو ملیں تو متعلقہ دفتر یا سائل کو واپس کر کے مشکور ہوں۔ نیز کوئی شخص ان دستاویزات کا ناجائز استعمال کرے تو اس کا ذمہ دار خود ہوگا۔ حاضری عدالت مورخہ مقرر ہے، اگر کسی کو کوئی اعتراض ہو تو وہ مقررہ تاریخ پر حاضر عدالت ہو کر پیش کرے بصورت دیگر کارروائی یکطرفہ عمل میں لائی جائے گی۔ بحکم عدالت جناب سینئر سول جج صاحب مظفرآباد۔

اشتہار 43
سیاست

ضروری اطلاع عام بذریعہ اشتہار ہذا جملہ عوام الناس کو مطلع کیا جاتا ہے کہ سائل سکنہ ضلع مظفرآباد آزاد کشمیر کا شناختی کارڈ، ڈرائیونگ لائسنس، اصل رجسٹری، فرد ملکیت، انتقال اراضی، سٹیمپ پیپر اور دیگر اہم دستاویزات گم ہو گئے ہیں جن کی تلاش بسیار کے باوجود دستیابی نہ ہو سکی ہے۔ اگر کسی صاحب کو ملیں تو متعلقہ دفتر یا سائل کو واپس کر کے مشکور ہوں۔ نیز کوئی شخص ان دستاویزات کا ناجائز استعمال کرے تو اس کا ذمہ دار خود ہوگا۔ حاضری عدالت مورخہ مقرر ہے، اگر کسی کو کوئی اعتراض ہو تو وہ مقررہ تاریخ پر حاضر عدالت ہو کر پیش کرے بصورت دیگر کارروائی یکطرفہ عمل میں لائی جائے گی۔ بحکم عدالت جناب سینئر سول جج صاحب مظفرآباد۔ ضروری اطلاع عام بذریعہ اشتہار ہذا جملہ عوام الناس کو مطلع کیا جاتا ہے کہ سائل سکنہ ضلع مظفرآباد آزاد کشمیر کا شناختی کارڈ، ڈرائیونگ لائسنس، اصل رجسٹری، فرد ملکیت، انتقال اراضی، سٹیمپ پیپر اور دیگر اہم دستاویزات گم ہو گئے ہیں جن کی تلاش بسیار کے باوجود دستیابی نہ ہو سکی ہے۔ اگر کسی صاحب کو ملیں تو متعلقہ دفتر یا سائل کو واپس کر کے مشکور ہوں۔ نیز کوئی شخص ان دستاویزات کا ناجائز استعمال کرے تو اس کا ذمہ دار خود ہوگا۔ حاضری عدالت مورخہ مقرر ہے، اگر کسی کو کوئی اعتراض ہو تو وہ مقررہ تاریخ پر حاضر عدالت ہو کر پیش کرے بصورت دیگر کارروائی یکطرفہ عمل میں لائی جائے گی۔ بحکم عدالت جناب سینئر سول جج صاحب مظفرآباد۔ ضروری اطلاع عام بذریعہ اشتہار ہذا جملہ عوام الناس کو مطلع کیا جاتا ہے کہ سائل سکنہ ضلع مظفرآباد آزاد کشمیر کا شناختی کارڈ، ڈرائیونگ لائسنس، اصل رجسٹری، فرد ملکیت، انتقال اراضی، سٹیمپ پیپر اور دیگر اہم دستاویزات گم ہو گئے ہیں جن کی تلاش بسیار کے باوجود دستیابی نہ ہو سکی ہے۔ اگر کسی صاحب کو ملیں تو متعلقہ دفتر یا سائل کو واپس کر کے مشکور ہوں۔ نیز کوئی شخص ان دستاویزات کا ناجائز استعمال کرے تو اس کا ذمہ دار خود ہوگا۔ حاضری عدالت مورخہ مقرر ہے، اگر کسی کو کوئی اعتراض ہو تو وہ مقررہ تاریخ پر حاضر عدالت ہو کر پیش کرے بصورت دیگر کارروائی یکطرفہ عمل میں لائی جائے گی۔ بحکم عدالت جناب سینئر سول جج صاحب مظفرآباد۔

اشتہار 44
سیاست

ضروری اطلاع عام بذریعہ اشتہار ہذا جملہ عوام الناس کو مطلع کیا جاتا ہے کہ سائل سکنہ ضلع مظفرآباد آزاد کشمیر کا شناختی کارڈ، ڈرائیونگ لائسنس، اصل رجسٹری، فرد ملکیت، انتقال اراضی، سٹیمپ پیپر اور دیگر اہم دستاویزات گم ہو گئے ہیں جن کی تلاش بسیار کے باوجود دستیابی نہ ہو سکی ہے۔ اگر کسی صاحب کو ملیں تو متعلقہ دفتر یا سائل کو واپس کر کے مشکور ہوں۔ نیز کوئی شخص ان دستاویزات کا ناجائز استعمال کرے تو اس کا ذمہ دار خود ہوگا۔ حاضری عدالت مورخہ مقرر ہے، اگر کسی کو کوئی اعتراض ہو تو وہ مقررہ تاریخ پر حاضر عدالت ہو کر پیش کرے بصورت دیگر کارروائی یکطرفہ عمل میں لائی جائے گی۔ بحکم عدالت جناب سینئر سول جج صاحب مظفرآباد۔

اشتہار 45
سیاست

ضروری اطلاع عام بذریعہ اشتہار ہذا جملہ عوام الناس کو مطلع کیا جاتا ہے کہ سائل سکنہ ضلع مظفرآباد آزاد کشمیر کا شناختی کارڈ، ڈرائیونگ لائسنس، اصل رجسٹری، فرد ملکیت، انتقال اراضی، سٹیمپ پیپر اور دیگر اہم دستاویزات گم ہو گئے ہیں جن کی تلاش بسیار کے باوجود دستیابی نہ ہو سکی ہے۔ اگر کسی صاحب کو ملیں تو متعلقہ دفتر یا سائل کو واپس کر کے مشکور ہوں۔ نیز کوئی شخص ان دستاویزات کا ناجائز استعمال کرے تو اس کا ذمہ دار خود ہوگا۔ حاضری عدالت مورخہ مقرر ہے، اگر کسی کو کوئی اعتراض ہو تو وہ مقررہ تاریخ پر حاضر عدالت ہو کر پیش کرے بصورت دیگر کارروائی یکطرفہ عمل میں لائی جائے گی۔ بحکم عدالت جناب سینئر سول جج صاحب مظفرآباد۔ ضروری اطلاع عام بذریعہ اشتہار ہذا جملہ عوام الناس کو مطلع کیا جاتا ہے کہ سائل سکنہ ضلع مظفرآباد آزاد کشمیر کا شناختی کارڈ، ڈرائیونگ لائسنس، اصل رجسٹری، فرد ملکیت، انتقال اراضی، سٹیمپ پیپر اور دیگر اہم دستاویزات گم ہو گئے ہیں جن کی تلاش بسیار کے باوجود دستیابی نہ ہو سکی ہے۔ اگر کسی صاحب کو ملیں تو متعلقہ دفتر یا سائل کو واپس کر کے مشکور ہوں۔ نیز کوئی شخص ان دستاویزات کا ناجائز استعمال کرے تو اس کا ذمہ دار خود ہوگا۔ حاضری عدالت مورخہ مقرر ہے، اگر کسی کو کوئی اعتراض ہو تو وہ مقررہ تاریخ پر حاضر عدالت ہو کر پیش کرے بصورت دیگر کارروائی یکطرفہ عمل میں لائی جائے گی۔ بحکم عدالت جناب سینئر سول جج صاحب مظفرآباد۔

اشتہار 46
سیاست

ضروری اطلاع عام بذریعہ اشتہار ہذا جملہ عوام الناس کو مطلع کیا جاتا ہے کہ سائل سکنہ ضلع مظفرآباد آزاد کشمیر کا شناختی کارڈ، ڈرائیونگ لائسنس، اصل رجسٹری، فرد ملکیت، انتقال اراضی، سٹیمپ پیپر اور دیگر اہم دستاویزات گم ہو گئے ہیں جن کی تلاش بسیار کے باوجود دستیابی نہ ہو سکی ہے۔ اگر کسی صاحب کو ملیں تو متعلقہ دفتر یا سائل کو واپس کر کے مشکور ہوں۔ نیز کوئی شخص ان دستاویزات کا ناجائز استعمال کرے تو اس کا ذمہ دار خود ہوگا۔ حاضری عدالت مورخہ مقرر ہے، اگر کسی کو کوئی اعتراض ہو تو وہ مقررہ تاریخ پر حاضر عدالت ہو کر پیش کرے بصورت دیگر کارروائی یکطرفہ عمل میں لائی جائے گی۔ بحکم عدالت جناب سینئر سول جج صاحب مظفرآباد۔ ضروری اطلاع عام بذریعہ اشتہار ہذا جملہ عوام الناس کو مطلع کیا جاتا ہے کہ سائل سکنہ ضلع مظفرآباد آزاد کشمیر کا شناختی کارڈ، ڈرائیونگ لائسنس، اصل رجسٹری، فرد ملکیت، انتقال اراضی، سٹیمپ پیپر اور دیگر اہم دستاویزات گم ہو گئے ہیں جن کی تلاش بسیار کے باوجود دستیابی نہ ہو سکی ہے۔ اگر کسی صاحب کو ملیں تو متعلقہ دفتر یا سائل کو واپس کر کے مشکور ہوں۔ نیز کوئی شخص ان دستاویزات کا ناجائز استعمال کرے تو اس کا ذمہ دار خود ہوگا۔ حاضری عدالت مورخہ مقرر ہے، اگر کسی کو کوئی اعتراض ہو تو وہ مقررہ تاریخ پر حاضر عدالت ہو کر پیش کرے بصورت دیگر کارروائی یکطرفہ عمل میں لائی جائے گی۔ بحکم عدالت جناب سینئر سول جج صاحب مظفرآباد۔ ضروری اطلاع عام بذریعہ اشتہار ہذا جملہ عوام الناس کو مطلع کیا جاتا ہے کہ سائل سکنہ ضلع مظفرآباد آزاد کشمیر کا شناختی کارڈ، ڈرائیونگ لائسنس، اصل رجسٹری، فرد ملکیت، انتقال اراضی، سٹیمپ پیپر اور دیگر اہم دستاویزات گم ہو گئے ہیں جن کی تلاش بسیار کے باوجود دستیابی نہ ہو سکی ہے۔ اگر کسی صاحب کو ملیں تو متعلقہ دفتر یا سائل کو واپس کر کے مشکور ہوں۔ نیز کوئی شخص ان دستاویزات کا ناجائز استعمال کرے تو اس کا ذمہ دار خود ہوگا۔ حاضری عدالت مورخہ مقرر ہے، اگر کسی کو کوئی اعتراض ہو تو وہ مقررہ تاریخ پر حاضر عدالت ہو کر پیش کرے بصورت دیگر کارروائی یکطرفہ عمل میں لائی جائے گی۔ بحکم عدالت جناب سینئر سول جج صاحب مظفرآباد۔

اشتہار 47
سیاست

ضروری اطلاع عام بذریعہ اشتہار ہذا جملہ عوام الناس کو مطلع کیا جاتا ہے کہ سائل سکنہ ضلع مظفرآباد آزاد کشمیر کا شناختی کارڈ، ڈرائیونگ لائسنس، اصل رجسٹری، فرد ملکیت، انتقال اراضی، سٹیمپ پیپر اور دیگر اہم دستاویزات گم ہو گئے ہیں جن کی تلاش بسیار کے باوجود دستیابی نہ ہو سکی ہے۔ اگر کسی صاحب کو ملیں تو متعلقہ دفتر یا سائل کو واپس کر کے مشکور ہوں۔ نیز کوئی شخص ان دستاویزات کا ناجائز استعمال کرے تو اس کا ذمہ دار خود ہوگا۔ حاضری عدالت مورخہ مقرر ہے، اگر کسی کو کوئی اعتراض ہو تو وہ مقررہ تاریخ پر حاضر عدالت ہو کر پیش کرے بصورت دیگر کارروائی یکطرفہ عمل میں لائی جائے گی۔ بحکم عدالت جناب سینئر سول جج صاحب مظفرآباد۔

اشتہار 48
سیاست

ضروری اطلاع عام بذریعہ اشتہار ہذا جملہ عوام الناس کو مطلع کیا جاتا ہے کہ سائل سکنہ ضلع مظفرآباد آزاد کشمیر کا شناختی کارڈ، ڈرائیونگ لائسنس، اصل رجسٹری، فرد ملکیت، انتقال اراضی، سٹیمپ پیپر اور دیگر اہم دستاویزات گم ہو گئے ہیں جن کی تلاش بسیار کے باوجود دستیابی نہ ہو سکی ہے۔ اگر کسی صاحب کو ملیں تو متعلقہ دفتر یا سائل کو واپس کر کے مشکور ہوں۔ نیز کوئی شخص ان دستاویزات کا ناجائز استعمال کرے تو اس کا ذمہ دار خود ہوگا۔ حاضری عدالت مورخہ مقرر ہے، اگر کسی کو کوئی اعتراض ہو تو وہ مقررہ تاریخ پر حاضر عدالت ہو کر پیش کرے بصورت دیگر کارروائی یکطرفہ عمل میں لائی جائے گی۔ بحکم عدالت جناب سینئر سول جج صاحب مظفرآباد۔ ضروری اطلاع عام بذریعہ اشتہار ہذا جملہ عوام الناس کو مطلع کیا جاتا ہے کہ سائل سکنہ ضلع مظفرآباد آزاد کشمیر کا شناختی کارڈ، ڈرائیونگ لائسنس، اصل رجسٹری، فرد ملکیت، انتقال اراضی، سٹیمپ پیپر اور دیگر اہم دستاویزات گم ہو گئے ہیں جن کی تلاش بسیار کے باوجود دستیابی نہ ہو سکی ہے۔ اگر کسی صاحب کو ملیں تو متعلقہ دفتر یا سائل کو واپس کر کے مشکور ہوں۔ نیز کوئی شخص ان دستاویزات کا ناجائز استعمال کرے تو اس کا ذمہ دار خود ہوگا۔ حاضری عدالت مورخہ مقرر ہے، اگر کسی کو کوئی اعتراض ہو تو وہ مقررہ تاریخ پر حاضر عدالت ہو کر پیش کرے بصورت دیگر کارروائی یکطرفہ عمل میں لائی جائے گی۔ بحکم عدالت جناب سینئر سول جج صاحب مظفرآباد۔

اشتہار 49
سیاست

ضروری اطلاع عام بذریعہ اشتہار ہذا جملہ عوام الناس کو مطلع کیا جاتا ہے کہ سائل سکنہ ضلع مظفرآباد آزاد کشمیر کا شناختی کارڈ، ڈرائیونگ لائسنس، اصل رجسٹری، فرد ملکیت، انتقال اراضی، سٹیمپ پیپر اور دیگر اہم دستاویزات گم ہو گئے ہیں جن کی تلاش بسیار کے باوجود دستیابی نہ ہو سکی ہے۔ اگر کسی صاحب کو ملیں تو متعلقہ دفتر یا سائل کو واپس کر کے مشکور ہوں۔ نیز کوئی شخص ان دستاویزات کا ناجائز استعمال کرے تو اس کا ذمہ دار خود ہوگا۔ حاضری عدالت مورخہ مقرر ہے، اگر کسی کو کوئی اعتراض ہو تو وہ مقررہ تاریخ پر حاضر عدالت ہو کر پیش کرے بصورت دیگر کارروائی یکطرفہ عمل میں لائی جائے گی۔ بحکم عدالت جناب سینئر سول جج صاحب مظفرآباد۔ ضروری اطلاع عام بذریعہ اشتہار ہذا جملہ عوام الناس کو مطلع کیا جاتا ہے کہ سائل سکنہ ضلع مظفرآباد آزاد کشمیر کا شناختی کارڈ، ڈرائیونگ لائسنس، اصل رجسٹری، فرد ملکیت، انتقال اراضی، سٹیمپ پیپر اور دیگر اہم دستاویزات گم ہو گئے ہیں جن کی تلاش بسیار کے باوجود دستیابی نہ ہو سکی ہے۔ اگر کسی صاحب کو ملیں تو متعلقہ دفتر یا سائل کو واپس کر کے مشکور ہوں۔ نیز کوئی شخص ان دستاویزات کا ناجائز استعمال کرے تو اس کا ذمہ دار خود ہوگا۔ حاضری عدالت مورخہ مقرر ہے، اگر کسی کو کوئی اعتراض ہو تو وہ مقررہ تاریخ پر حاضر عدالت ہو کر پیش کرے بصورت دیگر کارروائی یکطرفہ عمل میں لائی جائے گی۔ بحکم عدالت جناب سینئر سول جج صاحب مظفرآباد۔ ضروری اطلاع عام بذریعہ اشتہار ہذا جملہ عوام الناس کو مطلع کیا جاتا ہے کہ سائل سکنہ ضلع مظفرآباد آزاد کشمیر کا شناختی کارڈ، ڈرائیونگ لائسنس، اصل رجسٹری، فرد ملکیت، انتقال اراضی، سٹیمپ پیپر اور دیگر اہم دستاویزات گم ہو گئے ہیں جن کی تلاش بسیار کے باوجود دستیابی نہ ہو سکی ہے۔ اگر کسی صاحب کو ملیں تو متعلقہ دفتر یا سائل کو واپس کر کے مشکور ہوں۔ نیز کوئی شخص ان دستاویزات کا ناجائز استعمال کرے تو اس کا ذمہ دار خود ہوگا۔ حاضری عدالت مورخہ مقرر ہے، اگر کسی کو کوئی اعتراض ہو تو وہ مقررہ تاریخ پر حاضر عدالت ہو کر پیش کرے بصورت دیگر کارروائی یکطرفہ عمل میں لائی جائے گی۔ بحکم عدالت جناب سینئر سول جج صاحب مظفرآباد۔

اشتہار 50
سیاست

ضروری اطلاع عام بذریعہ اشتہار ہذا جملہ عوام الناس کو مطلع کیا جاتا ہے کہ سائل سکنہ ضلع مظفرآباد آزاد کشمیر کا شناختی کارڈ، ڈرائیونگ لائسنس، اصل رجسٹری، فرد ملکیت، انتقال اراضی، سٹیمپ پیپر اور دیگر اہم دستاویزات گم ہو گئے ہیں جن کی تلاش بسیار کے باوجود دستیابی نہ ہو سکی ہے۔ اگر کسی صاحب کو ملیں تو متعلقہ دفتر یا سائل کو واپس کر کے مشکور ہوں۔ نیز کوئی شخص ان دستاویزات کا ناجائز استعمال کرے تو اس کا ذمہ دار خود ہوگا۔ حاضری عدالت مورخہ مقرر ہے، اگر کسی کو کوئی اعتراض ہو تو وہ مقررہ تاریخ پر حاضر عدالت ہو کر پیش کرے بصورت دیگر کارروائی یکطرفہ عمل میں لائی جائے گی۔ بحکم عدالت جناب سینئر سول جج صاحب مظفرآباد۔

اشتہار 51
سیاست

ضروری اطلاع عام بذریعہ اشتہار ہذا جملہ عوام الناس کو مطلع کیا جاتا ہے کہ سائل سکنہ ضلع مظفرآباد آزاد کشمیر کا شناختی کارڈ، ڈرائیونگ لائسنس، اصل رجسٹری، فرد ملکیت، انتقال اراضی، سٹیمپ پیپر اور دیگر اہم دستاویزات گم ہو گئے ہیں جن کی تلاش بسیار کے باوجود دستیابی نہ ہو سکی ہے۔ اگر کسی صاحب کو ملیں تو متعلقہ دفتر یا سائل کو واپس کر کے مشکور ہوں۔ نیز کوئی شخص ان دستاویزات کا ناجائز استعمال کرے تو اس کا ذمہ دار خود ہوگا۔ حاضری عدالت مورخہ مقرر ہے، اگر کسی کو کوئی اعتراض ہو تو وہ مقررہ تاریخ پر حاضر عدالت ہو کر پیش کرے بصورت دیگر کارروائی یکطرفہ عمل میں لائی جائے گی۔ بحکم عدالت جناب سینئر سول جج صاحب مظفرآباد۔ ضروری اطلاع عام بذریعہ اشتہار ہذا جملہ عوام الناس کو مطلع کیا جاتا ہے کہ سائل سکنہ ضلع مظفرآباد آزاد کشمیر کا شناختی کارڈ، ڈرائیونگ لائسنس، اصل رجسٹری، فرد ملکیت، انتقال اراضی، سٹیمپ پیپر اور دیگر اہم دستاویزات گم ہو گئے ہیں جن کی تلاش بسیار کے باوجود دستیابی نہ ہو سکی ہے۔ اگر کسی صاحب کو ملیں تو متعلقہ دفتر یا سائل کو واپس کر کے مشکور ہوں۔ نیز کوئی شخص ان دستاویزات کا ناجائز استعمال کرے تو اس کا ذمہ دار خود ہوگا۔ حاضری عدالت مورخہ مقرر ہے، اگر کسی کو کوئی اعتراض ہو تو وہ مقررہ تاریخ پر حاضر عدالت ہو کر پیش کرے بصورت دیگر کارروائی یکطرفہ عمل میں لائی جائے گی۔ بحکم عدالت جناب سینئر سول جج صاحب مظفرآباد۔

اشتہار 52
سیاست

ضروری اطلاع عام بذریعہ اشتہار ہذا جملہ عوام الناس کو مطلع کیا جاتا ہے کہ سائل سکنہ ضلع مظفرآباد آزاد کشمیر کا شناختی کارڈ، ڈرائیونگ لائسنس، اصل رجسٹری، فرد ملکیت، انتقال اراضی، سٹیمپ پیپر اور دیگر اہم دستاویزات گم ہو گئے ہیں جن کی تلاش بسیار کے باوجود دستیابی نہ ہو سکی ہے۔ اگر کسی صاحب کو ملیں تو متعلقہ دفتر یا سائل کو واپس کر کے مشکور ہوں۔ نیز کوئی شخص ان دستاویزات کا ناجائز استعمال کرے تو اس کا ذمہ دار خود ہوگا۔ حاضری عدالت مورخہ مقرر ہے، اگر کسی کو کوئی اعتراض ہو تو وہ مقررہ تاریخ پر حاضر عدالت ہو کر پیش کرے بصورت دیگر کارروائی یکطرفہ عمل میں لائی جائے گی۔ بحکم عدالت جناب سینئر سول جج صاحب مظفرآباد۔ ضروری اطلاع عام بذریعہ اشتہار ہذا جملہ عوام الناس کو مطلع کیا جاتا ہے کہ سائل سکنہ ضلع مظفرآباد آزاد کشمیر کا شناختی کارڈ، ڈرائیونگ لائسنس، اصل رجسٹری، فرد ملکیت، انتقال اراضی، سٹیمپ پیپر اور دیگر اہم دستاویزات گم ہو گئے ہیں جن کی تلاش بسیار کے باوجود دستیابی نہ ہو سکی ہے۔ اگر کسی صاحب کو ملیں تو متعلقہ دفتر یا سائل کو واپس کر کے مشکور ہوں۔ نیز کوئی شخص ان دستاویزات کا ناجائز استعمال کرے تو اس کا ذمہ دار خود ہوگا۔ حاضری عدالت مورخہ مقرر ہے، اگر کسی کو کوئی اعتراض ہو تو وہ مقررہ تاریخ پر حاضر عدالت ہو کر پیش کرے بصورت دیگر کارروائی یکطرفہ عمل میں لائی جائے گی۔ بحکم عدالت جناب سینئر سول جج صاحب مظفرآباد۔ ضروری اطلاع عام بذریعہ اشتہار ہذا جملہ عوام الناس کو مطلع کیا جاتا ہے کہ سائل سکنہ ضلع مظفرآباد آزاد کشمیر کا شناختی کارڈ، ڈرائیونگ لائسنس، اصل رجسٹری، فرد ملکیت، انتقال اراضی، سٹیمپ پیپر اور دیگر اہم دستاویزات گم ہو گئے ہیں جن کی تلاش بسیار کے باوجود دستیابی نہ ہو سکی ہے۔ اگر کسی صاحب کو ملیں تو متعلقہ دفتر یا سائل کو واپس کر کے مشکور ہوں۔ نیز کوئی شخص ان دستاویزات کا ناجائز استعمال کرے تو اس کا ذمہ دار خود ہوگا۔ حاضری عدالت مورخہ مقرر ہے، اگر کسی کو کوئی اعتراض ہو تو وہ مقررہ تاریخ پر حاضر عدالت ہو کر پیش کرے بصورت دیگر کارروائی یکطرفہ عمل میں لائی جائے گی۔ بحکم عدالت جناب سینئر سول جج صاحب مظفرآباد۔

اشتہار 53
سیاست

ضروری اطلاع عام بذریعہ اشتہار ہذا جملہ عوام الناس کو مطلع کیا جاتا ہے کہ سائل سکنہ ضلع مظفرآباد آزاد کشمیر کا شناختی کارڈ، ڈرائیونگ لائسنس، اصل رجسٹری، فرد ملکیت، انتقال اراضی، سٹیمپ پیپر اور دیگر اہم دستاویزات گم ہو گئے ہیں جن کی تلاش بسیار کے باوجود دستیابی نہ ہو سکی ہے۔ اگر کسی صاحب کو ملیں تو متعلقہ دفتر یا سائل کو واپس کر کے مشکور ہوں۔ نیز کوئی شخص ان دستاویزات کا ناجائز استعمال کرے تو اس کا ذمہ دار خود ہوگا۔ حاضری عدالت مورخہ مقرر ہے، اگر کسی کو کوئی اعتراض ہو تو وہ مقررہ تاریخ پر حاضر عدالت ہو کر پیش کرے بصورت دیگر کارروائی یکطرفہ عمل میں لائی جائے گی۔ بحکم عدالت جناب سینئر سول جج صاحب مظفرآباد۔

اشتہار 54
سیاست

ضروری اطلاع عام بذریعہ اشتہار ہذا جملہ عوام الناس کو مطلع کیا جاتا ہے کہ سائل سکنہ ضلع مظفرآباد آزاد کشمیر کا شناختی کارڈ، ڈرائیونگ لائسنس، اصل رجسٹری، فرد ملکیت، انتقال اراضی، سٹیمپ پیپر اور دیگر اہم دستاویزات گم ہو گئے ہیں جن کی تلاش بسیار کے باوجود دستیابی نہ ہو سکی ہے۔ اگر کسی صاحب کو ملیں تو متعلقہ دفتر یا سائل کو واپس کر کے مشکور ہوں۔ نیز کوئی شخص ان دستاویزات کا ناجائز استعمال کرے تو اس کا ذمہ دار خود ہوگا۔ حاضری عدالت مورخہ مقرر ہے، اگر کسی کو کوئی اعتراض ہو تو وہ مقررہ تاریخ پر حاضر عدالت ہو کر پیش کرے بصورت دیگر کارروائی یکطرفہ عمل میں لائی جائے گی۔ بحکم عدالت جناب سینئر سول جج صاحب مظفرآباد۔ ضروری اطلاع عام بذریعہ اشتہار ہذا جملہ عوام الناس کو مطلع کیا جاتا ہے کہ سائل سکنہ ضلع مظفرآباد آزاد کشمیر کا شناختی کارڈ، ڈرائیونگ لائسنس، اصل رجسٹری، فرد ملکیت، انتقال اراضی، سٹیمپ پیپر اور دیگر اہم دستاویزات گم ہو گئے ہیں جن کی تلاش بسیار کے باوجود دستیابی نہ ہو سکی ہے۔ اگر کسی صاحب کو ملیں تو متعلقہ دفتر یا سائل کو واپس کر کے مشکور ہوں۔ نیز کوئی شخص ان دستاویزات کا ناجائز استعمال کرے تو اس کا ذمہ دار خود ہوگا۔ حاضری عدالت مورخہ مقرر ہے، اگر کسی کو کوئی اعتراض ہو تو وہ مقررہ تاریخ پر حاضر عدالت ہو کر پیش کرے بصورت دیگر کارروائی یکطرفہ عمل میں لائی جائے گی۔ بحکم عدالت جناب سینئر سول جج صاحب مظفرآباد۔

اشتہار 55
سیاست

ضروری اطلاع عام بذریعہ اشتہار ہذا جملہ عوام الناس کو مطلع کیا جاتا ہے کہ سائل سکنہ ضلع مظفرآباد آزاد کشمیر کا شناختی کارڈ، ڈرائیونگ لائسنس، اصل رجسٹری، فرد ملکیت، انتقال اراضی، سٹیمپ پیپر اور دیگر اہم دستاویزات گم ہو گئے ہیں جن کی تلاش بسیار کے باوجود دستیابی نہ ہو سکی ہے۔ اگر کسی صاحب کو ملیں تو متعلقہ دفتر یا سائل کو واپس کر کے مشکور ہوں۔ نیز کوئی شخص ان دستاویزات کا ناجائز استعمال کرے تو اس کا ذمہ دار خود ہوگا۔ حاضری عدالت مورخہ مقرر ہے، اگر کسی کو کوئی اعتراض ہو تو وہ مقررہ تاریخ پر حاضر عدالت ہو کر پیش کرے بصورت دیگر کارروائی یکطرفہ عمل میں لائی جائے گی۔ بحکم عدالت جناب سینئر سول جج صاحب مظفرآباد۔ ضروری اطلاع عام بذریعہ اشتہار ہذا جملہ عوام الناس کو مطلع کیا جاتا ہے کہ سائل سکنہ ضلع مظفرآباد آزاد کشمیر کا شناختی کارڈ، ڈرائیونگ لائسنس، اصل رجسٹری، فرد ملکیت، انتقال اراضی، سٹیمپ پیپر اور دیگر اہم دستاویزات گم ہو گئے ہیں جن کی تلاش بسیار کے باوجود دستیابی نہ ہو سکی ہے۔ اگر کسی صاحب کو ملیں تو متعلقہ دفتر یا سائل کو واپس کر کے مشکور ہوں۔ نیز کوئی شخص ان دستاویزات کا ناجائز استعمال کرے تو اس کا ذمہ دار خود ہوگا۔ حاضری عدالت مورخہ مقرر ہے، اگر کسی کو کوئی اعتراض ہو تو وہ مقررہ تاریخ پر حاضر عدالت ہو کر پیش کرے بصورت دیگر کارروائی یکطرفہ عمل میں لائی جائے گی۔ بحکم عدالت جناب سینئر سول جج صاحب مظفرآباد۔ ضروری اطلاع عام بذریعہ اشتہار ہذا جملہ عوام الناس کو مطلع کیا جاتا ہے کہ سائل سکنہ ضلع مظفرآباد آزاد کشمیر کا شناختی کارڈ، ڈرائیونگ لائسنس، اصل رجسٹری، فرد ملکیت، انتقال اراضی، سٹیمپ پیپر اور دیگر اہم دستاویزات گم ہو گئے ہیں جن کی تلاش بسیار کے باوجود دستیابی نہ ہو سکی ہے۔ اگر کسی صاحب کو ملیں تو متعلقہ دفتر یا سائل کو واپس کر کے مشکور ہوں۔ نیز کوئی شخص ان دستاویزات کا ناجائز استعمال کرے تو اس کا ذمہ دار خود ہوگا۔ حاضری عدالت مورخہ مقرر ہے، اگر کسی کو کوئی اعتراض ہو تو وہ مقررہ تاریخ پر حاضر عدالت ہو کر پیش کرے بصورت دیگر کارروائی یکطرفہ عمل میں لائی جائے گی۔ بحکم عدالت جناب سینئر سول جج صاحب مظفرآباد۔

اشتہار 56
سیاست

ضروری اطلاع عام بذریعہ اشتہار ہذا جملہ عوام الناس کو مطلع کیا جاتا ہے کہ سائل سکنہ ضلع مظفرآباد آزاد کشمیر کا شناختی کارڈ، ڈرائیونگ لائسنس، اصل رجسٹری، فرد ملکیت، انتقال اراضی، سٹیمپ پیپر اور دیگر اہم دستاویزات گم ہو گئے ہیں جن کی تلاش بسیار کے باوجود دستیابی نہ ہو سکی ہے۔ اگر کسی صاحب کو ملیں تو متعلقہ دفتر یا سائل کو واپس کر کے مشکور ہوں۔ نیز کوئی شخص ان دستاویزات کا ناجائز استعمال کرے تو اس کا ذمہ دار خود ہوگا۔ حاضری عدالت مورخہ مقرر ہے، اگر کسی کو کوئی اعتراض ہو تو وہ مقررہ تاریخ پر حاضر عدالت ہو کر پیش کرے بصورت دیگر کارروائی یکطرفہ عمل میں لائی جائے گی۔ بحکم عدالت جناب سینئر سول جج صاحب مظفرآباد۔

اشتہار 57
سیاست

ضروری اطلاع عام بذریعہ اشتہار ہذا جملہ عوام الناس کو مطلع کیا جاتا ہے کہ سائل سکنہ ضلع مظفرآباد آزاد کشمیر کا شناختی کارڈ، ڈرائیونگ لائسنس، اصل رجسٹری، فرد ملکیت، انتقال اراضی، سٹیمپ پیپر اور دیگر اہم دستاویزات گم ہو گئے ہیں جن کی تلاش بسیار کے باوجود دستیابی نہ ہو سکی ہے۔ اگر کسی صاحب کو ملیں تو متعلقہ دفتر یا سائل کو واپس کر کے مشکور ہوں۔ نیز کوئی شخص ان دستاویزات کا ناجائز استعمال کرے تو اس کا ذمہ دار خود ہوگا۔ حاضری عدالت مورخہ مقرر ہے، اگر کسی کو کوئی اعتراض ہو تو وہ مقررہ تاریخ پر حاضر عدالت ہو کر پیش کرے بصورت دیگر کارروائی یکطرفہ عمل میں لائی جائے گی۔ بحکم عدالت جناب سینئر سول جج صاحب مظفرآباد۔ ضروری اطلاع عام بذریعہ اشتہار ہذا جملہ عوام الناس کو مطلع کیا جاتا ہے کہ سائل سکنہ ضلع مظفرآباد آزاد کشمیر کا شناختی کارڈ، ڈرائیونگ لائسنس، اصل رجسٹری، فرد ملکیت، انتقال اراضی، سٹیمپ پیپر اور دیگر اہم دستاویزات گم ہو گئے ہیں جن کی تلاش بسیار کے باوجود دستیابی نہ ہو سکی ہے۔ اگر کسی صاحب کو ملیں تو متعلقہ دفتر یا سائل کو واپس کر کے مشکور ہوں۔ نیز کوئی شخص ان دستاویزات کا ناجائز استعمال کرے تو اس کا ذمہ دار خود ہوگا۔ حاضری عدالت مورخہ مقرر ہے، اگر کسی کو کوئی اعتراض ہو تو وہ مقررہ تاریخ پر حاضر عدالت ہو کر پیش کرے بصورت دیگر کارروائی یکطرفہ عمل میں لائی جائے گی۔ بحکم عدالت جناب سینئر سول جج صاحب مظفرآباد۔

اشتہار 58
سیاست

ضروری اطلاع عام بذریعہ اشتہار ہذا جملہ عوام الناس کو مطلع کیا جاتا ہے کہ سائل سکنہ ضلع مظفرآباد آزاد کشمیر کا شناختی کارڈ، ڈرائیونگ لائسنس، اصل رجسٹری، فرد ملکیت، انتقال اراضی، سٹیمپ پیپر اور دیگر اہم دستاویزات گم ہو گئے ہیں جن کی تلاش بسیار کے باوجود دستیابی نہ ہو سکی ہے۔ اگر کسی صاحب کو ملیں تو متعلقہ دفتر یا سائل کو واپس کر کے مشکور ہوں۔ نیز کوئی شخص ان دستاویزات کا ناجائز استعمال کرے تو اس کا ذمہ دار خود ہوگا۔ حاضری عدالت مورخہ مقرر ہے، اگر کسی کو کوئی اعتراض ہو تو وہ مقررہ تاریخ پر حاضر عدالت ہو کر پیش کرے بصورت دیگر کارروائی یکطرفہ عمل میں لائی جائے گی۔ بحکم عدالت جناب سینئر سول جج صاحب مظفرآباد۔ ضروری اطلاع عام بذریعہ اشتہار ہذا جملہ عوام الناس کو مطلع کیا جاتا ہے کہ سائل سکنہ ضلع مظفرآباد آزاد کشمیر کا شناختی کارڈ، ڈرائیونگ لائسنس، اصل رجسٹری، فرد ملکیت، انتقال اراضی، سٹیمپ پیپر اور دیگر اہم دستاویزات گم ہو گئے ہیں جن کی تلاش بسیار کے باوجود دستیابی نہ ہو سکی ہے۔ اگر کسی صاحب کو ملیں تو متعلقہ دفتر یا سائل کو واپس کر کے مشکور ہوں۔ نیز کوئی شخص ان دستاویزات کا ناجائز استعمال کرے تو اس کا ذمہ دار خود ہوگا۔ حاضری عدالت مورخہ مقرر ہے، اگر کسی کو کوئی اعتراض ہو تو وہ مقررہ تاریخ پر حاضر عدالت ہو کر پیش کرے بصورت دیگر کارروائی یکطرفہ عمل میں لائی جائے گی۔ بحکم عدالت جناب سینئر سول جج صاحب مظفرآباد۔ ضروری اطلاع عام بذریعہ اشتہار ہذا جملہ عوام الناس کو مطلع کیا جاتا ہے کہ سائل سکنہ ضلع مظفرآباد آزاد کشمیر کا شناختی کارڈ، ڈرائیونگ لائسنس، اصل رجسٹری، فرد ملکیت، انتقال اراضی، سٹیمپ پیپر اور دیگر اہم دستاویزات گم ہو گئے ہیں جن کی تلاش بسیار کے باوجود دستیابی نہ ہو سکی ہے۔ اگر کسی صاحب کو ملیں تو متعلقہ دفتر یا سائل کو واپس کر کے مشکور ہوں۔ نیز کوئی شخص ان دستاویزات کا ناجائز استعمال کرے تو اس کا ذمہ دار خود ہوگا۔ حاضری عدالت مورخہ مقرر ہے، اگر کسی کو کوئی اعتراض ہو تو وہ مقررہ تاریخ پر حاضر عدالت ہو کر پیش کرے بصورت دیگر کارروائی یکطرفہ عمل میں لائی جائے گی۔ بحکم عدالت جناب سینئر سول جج صاحب مظفرآباد۔

اشتہار 59
سیاست

ضروری اطلاع عام بذریعہ اشتہار ہذا جملہ عوام الناس کو مطلع کیا جاتا ہے کہ سائل سکنہ ضلع مظفرآباد آزاد کشمیر کا شناختی کارڈ، ڈرائیونگ لائسنس، اصل رجسٹری، فرد ملکیت، انتقال اراضی، سٹیمپ پیپر اور دیگر اہم دستاویزات گم ہو گئے ہیں جن کی تلاش بسیار کے باوجود دستیابی نہ ہو سکی ہے۔ اگر کسی صاحب کو ملیں تو متعلقہ دفتر یا سائل کو واپس کر کے مشکور ہوں۔ نیز کوئی شخص ان دستاویزات کا ناجائز استعمال کرے تو اس کا ذمہ دار خود ہوگا۔ حاضری عدالت مورخہ مقرر ہے، اگر کسی کو کوئی اعتراض ہو تو وہ مقررہ تاریخ پر حاضر عدالت ہو کر پیش کرے بصورت دیگر کارروائی یکطرفہ عمل میں لائی جائے گی۔ بحکم عدالت جناب سینئر سول جج صاحب مظفرآباد۔

اشتہار 60
سیاست

ضروری اطلاع عام بذریعہ اشتہار ہذا جملہ عوام الناس کو مطلع کیا جاتا ہے کہ سائل سکنہ ضلع مظفرآباد آزاد کشمیر کا شناختی کارڈ، ڈرائیونگ لائسنس، اصل رجسٹری، فرد ملکیت، انتقال اراضی، سٹیمپ پیپر اور دیگر اہم دستاویزات گم ہو گئے ہیں جن کی تلاش بسیار کے باوجود دستیابی نہ ہو سکی ہے۔ اگر کسی صاحب کو ملیں تو متعلقہ دفتر یا سائل کو واپس کر کے مشکور ہوں۔ نیز کوئی شخص ان دستاویزات کا ناجائز استعمال کرے تو اس کا ذمہ دار خود ہوگا۔ حاضری عدالت مورخہ مقرر ہے، اگر کسی کو کوئی اعتراض ہو تو وہ مقررہ تاریخ پر حاضر عدالت ہو کر پیش کرے بصورت دیگر کارروائی یکطرفہ عمل میں لائی جائے گی۔ بحکم عدالت جناب سینئر سول جج صاحب مظفرآباد۔ ضروری اطلاع عام بذریعہ اشتہار ہذا جملہ عوام الناس کو مطلع کیا جاتا ہے کہ سائل سکنہ ضلع مظفرآباد آزاد کشمیر کا شناختی کارڈ، ڈرائیونگ لائسنس، اصل رجسٹری، فرد ملکیت، انتقال اراضی، سٹیمپ پیپر اور دیگر اہم دستاویزات گم ہو گئے ہیں جن کی تلاش بسیار کے باوجود دستیابی نہ ہو سکی ہے۔ اگر کسی صاحب کو ملیں تو متعلقہ دفتر یا سائل کو واپس کر کے مشکور ہوں۔ نیز کوئی شخص ان دستاویزات کا ناجائز استعمال کرے تو اس کا ذمہ دار خود ہوگا۔ حاضری عدالت مورخہ مقرر ہے، اگر کسی کو کوئی اعتراض ہو تو وہ مقررہ تاریخ پر حاضر عدالت ہو کر پیش کرے بصورت دیگر کارروائی یکطرفہ عمل میں لائی جائے گی۔ بحکم عدالت جناب سینئر سول جج صاحب مظفرآباد۔

اشتہار 61
سیاست

ضروری اطلاع عام بذریعہ اشتہار ہذا جملہ عوام الناس کو مطلع کیا جاتا ہے کہ سائل سکنہ ضلع مظفرآباد آزاد کشمیر کا شناختی کارڈ، ڈرائیونگ لائسنس، اصل رجسٹری، فرد ملکیت، انتقال اراضی، سٹیمپ پیپر اور دیگر اہم دستاویزات گم ہو گئے ہیں جن کی تلاش بسیار کے باوجود دستیابی نہ ہو سکی ہے۔ اگر کسی صاحب کو ملیں تو متعلقہ دفتر یا سائل کو واپس کر کے مشکور ہوں۔ نیز کوئی شخص ان دستاویزات کا ناجائز استعمال کرے تو اس کا ذمہ دار خود ہوگا۔ حاضری عدالت مورخہ مقرر ہے، اگر کسی کو کوئی اعتراض ہو تو وہ مقررہ تاریخ پر حاضر عدالت ہو کر پیش کرے بصورت دیگر کارروائی یکطرفہ عمل میں لائی جائے گی۔ بحکم عدالت جناب سینئر سول جج صاحب مظفرآباد۔ ضروری اطلاع عام بذریعہ اشتہار ہذا جملہ عوام الناس کو مطلع کیا جاتا ہے کہ سائل سکنہ ضلع مظفرآباد آزاد کشمیر کا شناختی کارڈ، ڈرائیونگ لائسنس، اصل رجسٹری، فرد ملکیت، انتقال اراضی، سٹیمپ پیپر اور دیگر اہم دستاویزات گم ہو گئے ہیں جن کی تلاش بسیار کے باوجود دستیابی نہ ہو سکی ہے۔ اگر کسی صاحب کو ملیں تو متعلقہ دفتر یا سائل کو واپس کر کے مشکور ہوں۔ نیز کوئی شخص ان دستاویزات کا ناجائز استعمال کرے تو اس کا ذمہ دار خود ہوگا۔ حاضری عدالت مورخہ مقرر ہے، اگر کسی کو کوئی اعتراض ہو تو وہ مقررہ تاریخ پر حاضر عدالت ہو کر پیش کرے بصورت دیگر کارروائی یکطرفہ عمل میں لائی جائے گی۔ بحکم عدالت جناب سینئر سول جج صاحب مظفرآباد۔ ضروری اطلاع عام بذریعہ اشتہار ہذا جملہ عوام الناس کو مطلع کیا جاتا ہے کہ سائل سکنہ ضلع مظفرآباد آزاد کشمیر کا شناختی کارڈ، ڈرائیونگ لائسنس، اصل رجسٹری، فرد ملکیت، انتقال اراضی، سٹیمپ پیپر اور دیگر اہم دستاویزات گم ہو گئے ہیں جن کی تلاش بسیار کے باوجود دستیابی نہ ہو سکی ہے۔ اگر کسی صاحب کو ملیں تو متعلقہ دفتر یا سائل کو واپس کر کے مشکور ہوں۔ نیز کوئی شخص ان دستاویزات کا ناجائز استعمال کرے تو اس کا ذمہ دار خود ہوگا۔ حاضری عدالت مورخہ مقرر ہے، اگر کسی کو کوئی اعتراض ہو تو وہ مقررہ تاریخ پر حاضر عدالت ہو کر پیش کرے بصورت دیگر کارروائی یکطرفہ عمل میں لائی جائے گی۔ بحکم عدالت جناب سینئر سول جج صاحب مظفرآباد۔

اشتہار 62
سیاست

ضروری اطلاع عام بذریعہ اشتہار ہذا جملہ عوام الناس کو مطلع کیا جاتا ہے کہ سائل سکنہ ضلع مظفرآباد آزاد کشمیر کا شناختی کارڈ، ڈرائیونگ لائسنس، اصل رجسٹری، فرد ملکیت، انتقال اراضی، سٹیمپ پیپر اور دیگر اہم دستاویزات گم ہو گئے ہیں جن کی تلاش بسیار کے باوجود دستیابی نہ ہو سکی ہے۔ اگر کسی صاحب کو ملیں تو متعلقہ دفتر یا سائل کو واپس کر کے مشکور ہوں۔ نیز کوئی شخص ان دستاویزات کا ناجائز استعمال کرے تو اس کا ذمہ دار خود ہوگا۔ حاضری عدالت مورخہ مقرر ہے، اگر کسی کو کوئی اعتراض ہو تو وہ مقررہ تاریخ پر حاضر عدالت ہو کر پیش کرے بصورت دیگر کارروائی یکطرفہ عمل میں لائی جائے گی۔ بحکم عدالت جناب سینئر سول جج صاحب مظفرآباد۔

اشتہار 63
سیاست

ضروری اطلاع عام بذریعہ اشتہار ہذا جملہ عوام الناس کو مطلع کیا جاتا ہے کہ سائل سکنہ ضلع مظفرآباد آزاد کشمیر کا شناختی کارڈ، ڈرائیونگ لائسنس، اصل رجسٹری، فرد ملکیت، انتقال اراضی، سٹیمپ پیپر اور دیگر اہم دستاویزات گم ہو گئے ہیں جن کی تلاش بسیار کے باوجود دستیابی نہ ہو سکی ہے۔ اگر کسی صاحب کو ملیں تو متعلقہ دفتر یا سائل کو واپس کر کے مشکور ہوں۔ نیز کوئی شخص ان دستاویزات کا ناجائز استعمال کرے تو اس کا ذمہ دار خود ہوگا۔ حاضری عدالت مورخہ مقرر ہے، اگر کسی کو کوئی اعتراض ہو تو وہ مقررہ تاریخ پر حاضر عدالت ہو کر پیش کرے بصورت دیگر کارروائی یکطرفہ عمل میں لائی جائے گی۔ بحکم عدالت جناب سینئر سول جج صاحب مظفرآباد۔ ضروری اطلاع عام بذریعہ اشتہار ہذا جملہ عوام الناس کو مطلع کیا جاتا ہے کہ سائل سکنہ ضلع مظفرآباد آزاد کشمیر کا شناختی کارڈ، ڈرائیونگ لائسنس، اصل رجسٹری، فرد ملکیت، انتقال اراضی، سٹیمپ پیپر اور دیگر اہم دستاویزات گم ہو گئے ہیں جن کی تلاش بسیار کے باوجود دستیابی نہ ہو سکی ہے۔ اگر کسی صاحب کو ملیں تو متعلقہ دفتر یا سائل کو واپس کر کے مشکور ہوں۔ نیز کوئی شخص ان دستاویزات کا ناجائز استعمال کرے تو اس کا ذمہ دار خود ہوگا۔ حاضری عدالت مورخہ مقرر ہے، اگر کسی کو کوئی اعتراض ہو تو وہ مقررہ تاریخ پر حاضر عدالت ہو کر پیش کرے بصورت دیگر کارروائی یکطرفہ عمل میں لائی جائے گی۔ بحکم عدالت جناب سینئر سول جج صاحب مظفرآباد۔

اشتہار 64
سیاست

ضروری اطلاع عام بذریعہ اشتہار ہذا جملہ عوام الناس کو مطلع کیا جاتا ہے کہ سائل سکنہ ضلع مظفرآباد آزاد کشمیر کا شناختی کارڈ، ڈرائیونگ لائسنس، اصل رجسٹری، فرد ملکیت، انتقال اراضی، سٹیمپ پیپر اور دیگر اہم دستاویزات گم ہو گئے ہیں جن کی تلاش بسیار کے باوجود دستیابی نہ ہو سکی ہے۔ اگر کسی صاحب کو ملیں تو متعلقہ دفتر یا سائل کو واپس کر کے مشکور ہوں۔ نیز کوئی شخص ان دستاویزات کا ناجائز استعمال کرے تو اس کا ذمہ دار خود ہوگا۔ حاضری عدالت مورخہ مقرر ہے، اگر کسی کو کوئی اعتراض ہو تو وہ مقررہ تاریخ پر حاضر عدالت ہو کر پیش کرے بصورت دیگر کارروائی یکطرفہ عمل میں لائی جائے گی۔ بحکم عدالت جناب سینئر سول جج صاحب مظفرآباد۔ ضروری اطلاع عام بذریعہ اشتہار ہذا جملہ عوام الناس کو مطلع کیا جاتا ہے کہ سائل سکنہ ضلع مظفرآباد آزاد کشمیر کا شناختی کارڈ، ڈرائیونگ لائسنس، اصل رجسٹری، فرد ملکیت، انتقال اراضی، سٹیمپ پیپر اور دیگر اہم دستاویزات گم ہو گئے ہیں جن کی تلاش بسیار کے باوجود دستیابی نہ ہو سکی ہے۔ اگر کسی صاحب کو ملیں تو متعلقہ دفتر یا سائل کو واپس کر کے مشکور ہوں۔ نیز کوئی شخص ان دستاویزات کا ناجائز استعمال کرے تو اس کا ذمہ دار خود ہوگا۔ حاضری عدالت مورخہ مقرر ہے، اگر کسی کو کوئی اعتراض ہو تو وہ مقررہ تاریخ پر حاضر عدالت ہو کر پیش کرے بصورت دیگر کارروائی یکطرفہ عمل میں لائی جائے گی۔ بحکم عدالت جناب سینئر سول جج صاحب مظفرآباد۔ ضروری اطلاع عام بذریعہ اشتہار ہذا جملہ عوام الناس کو مطلع کیا جاتا ہے کہ سائل سکنہ ضلع مظفرآباد آزاد کشمیر کا شناختی کارڈ، ڈرائیونگ لائسنس، اصل رجسٹری، فرد ملکیت، انتقال اراضی، سٹیمپ پیپر اور دیگر اہم دستاویزات گم ہو گئے ہیں جن کی تلاش بسیار کے باوجود دستیابی نہ ہو سکی ہے۔ اگر کسی صاحب کو ملیں تو متعلقہ دفتر یا سائل کو واپس کر کے مشکور ہوں۔ نیز کوئی شخص ان دستاویزات کا ناجائز استعمال کرے تو اس کا ذمہ دار خود ہوگا۔ حاضری عدالت مورخہ مقرر ہے، اگر کسی کو کوئی اعتراض ہو تو وہ مقررہ تاریخ پر حاضر عدالت ہو کر پیش کرے بصورت دیگر کارروائی یکطرفہ عمل میں لائی جائے گی۔ بحکم عدالت جناب سینئر سول جج صاحب مظفرآباد۔

اشتہار 65
سیاست

ضروری اطلاع عام بذریعہ اشتہار ہذا جملہ عوام الناس کو مطلع کیا جاتا ہے کہ سائل سکنہ ضلع مظفرآباد آزاد کشمیر کا شناختی کارڈ، ڈرائیونگ لائسنس، اصل رجسٹری، فرد ملکیت، انتقال اراضی، سٹیمپ پیپر اور دیگر اہم دستاویزات گم ہو گئے ہیں جن کی تلاش بسیار کے باوجود دستیابی نہ ہو سکی ہے۔ اگر کسی صاحب کو ملیں تو متعلقہ دفتر یا سائل کو واپس کر کے مشکور ہوں۔ نیز کوئی شخص ان دستاویزات کا ناجائز استعمال کرے تو اس کا ذمہ دار خود ہوگا۔ حاضری عدالت مورخہ مقرر ہے، اگر کسی کو کوئی اعتراض ہو تو وہ مقررہ تاریخ پر حاضر عدالت ہو کر پیش کرے بصورت دیگر کارروائی یکطرفہ عمل میں لائی جائے گی۔ بحکم عدالت جناب سینئر سول جج صاحب مظفرآباد۔

اشتہار 66
سیاست

ضروری اطلاع عام بذریعہ اشتہار ہذا جملہ عوام الناس کو مطلع کیا جاتا ہے کہ سائل سکنہ ضلع مظفرآباد آزاد کشمیر کا شناختی کارڈ، ڈرائیونگ لائسنس، اصل رجسٹری، فرد ملکیت، انتقال اراضی، سٹیمپ پیپر اور دیگر اہم دستاویزات گم ہو گئے ہیں جن کی تلاش بسیار کے باوجود دستیابی نہ ہو سکی ہے۔ اگر کسی صاحب کو ملیں تو متعلقہ دفتر یا سائل کو واپس کر کے مشکور ہوں۔ نیز کوئی شخص ان دستاویزات کا ناجائز استعمال کرے تو اس کا ذمہ دار خود ہوگا۔ حاضری عدالت مورخہ مقرر ہے، اگر کسی کو کوئی اعتراض ہو تو وہ مقررہ تاریخ پر حاضر عدالت ہو کر پیش کرے بصورت دیگر کارروائی یکطرفہ عمل میں لائی جائے گی۔ بحکم عدالت جناب سینئر سول جج صاحب مظفرآباد۔ ضروری اطلاع عام بذریعہ اشتہار ہذا جملہ عوام الناس کو مطلع کیا جاتا ہے کہ سائل سکنہ ضلع مظفرآباد آزاد کشمیر کا شناختی کارڈ، ڈرائیونگ لائسنس، اصل رجسٹری، فرد ملکیت، انتقال اراضی، سٹیمپ پیپر اور دیگر اہم دستاویزات گم ہو گئے ہیں جن کی تلاش بسیار کے باوجود دستیابی نہ ہو سکی ہے۔ اگر کسی صاحب کو ملیں تو متعلقہ دفتر یا سائل کو واپس کر کے مشکور ہوں۔ نیز کوئی شخص ان دستاویزات کا ناجائز استعمال کرے تو اس کا ذمہ دار خود ہوگا۔ حاضری عدالت مورخہ مقرر ہے، اگر کسی کو کوئی اعتراض ہو تو وہ مقررہ تاریخ پر حاضر عدالت ہو کر پیش کرے بصورت دیگر کارروائی یکطرفہ عمل میں لائی جائے گی۔ بحکم عدالت جناب سینئر سول جج صاحب مظفرآباد۔

اشتہار 67
سیاست

ضروری اطلاع عام بذریعہ اشتہار ہذا جملہ عوام الناس کو مطلع کیا جاتا ہے کہ سائل سکنہ ضلع مظفرآباد آزاد کشمیر کا شناختی کارڈ، ڈرائیونگ لائسنس، اصل رجسٹری، فرد ملکیت، انتقال اراضی، سٹیمپ پیپر اور دیگر اہم دستاویزات گم ہو گئے ہیں جن کی تلاش بسیار کے باوجود دستیابی نہ ہو سکی ہے۔ اگر کسی صاحب کو ملیں تو متعلقہ دفتر یا سائل کو واپس کر کے مشکور ہوں۔ نیز کوئی شخص ان دستاویزات کا ناجائز استعمال کرے تو اس کا ذمہ دار خود ہوگا۔ حاضری عدالت مورخہ مقرر ہے، اگر کسی کو کوئی اعتراض ہو تو وہ مقررہ تاریخ پر حاضر عدالت ہو کر پیش کرے بصورت دیگر کارروائی یکطرفہ عمل میں لائی جائے گی۔ بحکم عدالت جناب سینئر سول جج صاحب مظفرآباد۔ ضروری اطلاع عام بذریعہ اشتہار ہذا جملہ عوام الناس کو مطلع کیا جاتا ہے کہ سائل سکنہ ضلع مظفرآباد آزاد کشمیر کا شناختی کارڈ، ڈرائیونگ لائسنس، اصل رجسٹری، فرد ملکیت، انتقال اراضی، سٹیمپ پیپر اور دیگر اہم دستاویزات گم ہو گئے ہیں جن کی تلاش بسیار کے باوجود دستیابی نہ ہو سکی ہے۔ اگر کسی صاحب کو ملیں تو متعلقہ دفتر یا سائل کو واپس کر کے مشکور ہوں۔ نیز کوئی شخص ان دستاویزات کا ناجائز استعمال کرے تو اس کا ذمہ دار خود ہوگا۔ حاضری عدالت مورخہ مقرر ہے، اگر کسی کو کوئی اعتراض ہو تو وہ مقررہ تاریخ پر حاضر عدالت ہو کر پیش کرے بصورت دیگر کارروائی یکطرفہ عمل میں لائی جائے گی۔ بحکم عدالت جناب سینئر سول جج صاحب مظفرآباد۔ ضروری اطلاع عام بذریعہ اشتہار ہذا جملہ عوام الناس کو مطلع کیا جاتا ہے کہ سائل سکنہ ضلع مظفرآباد آزاد کشمیر کا شناختی کارڈ، ڈرائیونگ لائسنس، اصل رجسٹری، فرد ملکیت، انتقال اراضی، سٹیمپ پیپر اور دیگر اہم دستاویزات گم ہو گئے ہیں جن کی تلاش بسیار کے باوجود دستیابی نہ ہو سکی ہے۔ اگر کسی صاحب کو ملیں تو متعلقہ دفتر یا سائل کو واپس کر کے مشکور ہوں۔ نیز کوئی شخص ان دستاویزات کا ناجائز استعمال کرے تو اس کا ذمہ دار خود ہوگا۔ حاضری عدالت مورخہ مقرر ہے، اگر کسی کو کوئی اعتراض ہو تو وہ مقررہ تاریخ پر حاضر عدالت ہو کر پیش کرے بصورت دیگر کارروائی یکطرفہ عمل میں لائی جائے گی۔ بحکم عدالت جناب سینئر سول جج صاحب مظفرآباد۔

اشتہار 68
سیاست

ضروری اطلاع عام بذریعہ اشتہار ہذا جملہ عوام الناس کو مطلع کیا جاتا ہے کہ سائل سکنہ ضلع مظفرآباد آزاد کشمیر کا شناختی کارڈ، ڈرائیونگ لائسنس، اصل رجسٹری، فرد ملکیت، انتقال اراضی، سٹیمپ پیپر اور دیگر اہم دستاویزات گم ہو گئے ہیں جن کی
